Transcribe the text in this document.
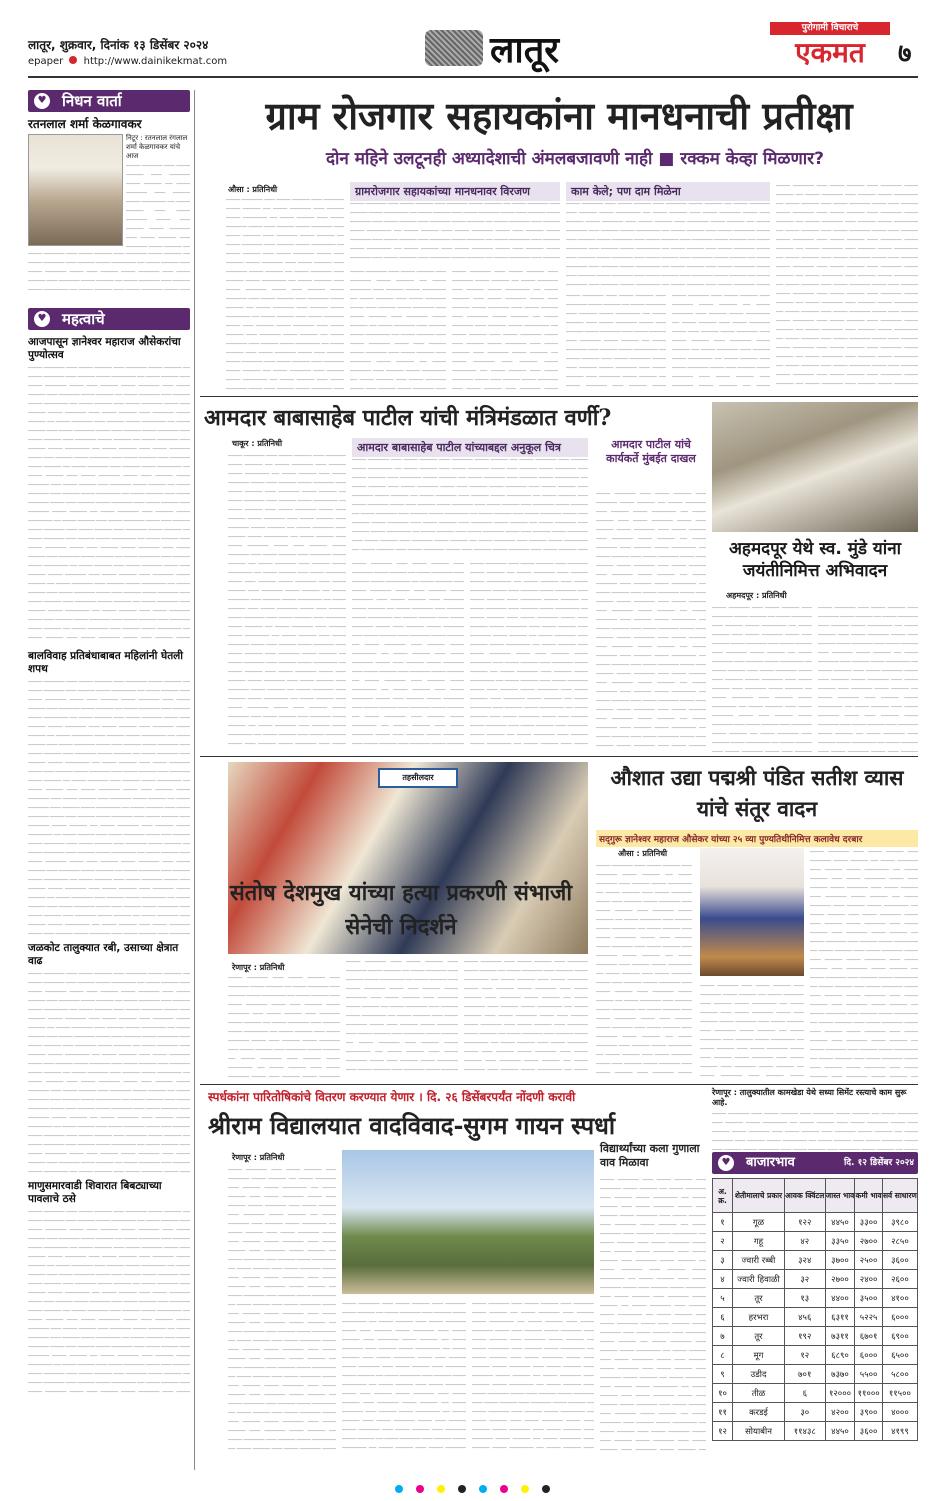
लातूर, शुक्रवार, दिनांक १३ डिसेंबर २०२४
epaper http://www.dainikekmat.com	लातूर
पुरोगामी विचाराचे
एकमत	७
♥ निधन वार्ता
रतनलाल शर्मा केळगावकर
निटूर : रतनलाल रंगलाल शर्मा केळगावकर यांचे आज
──── ────── ─── ──── ───── ─── ────── ──── ───── ── ──── ────── ─── ───── ──── ─────── ── ──── ───── ─── ──── ────── ──── ─── ───── ──── ────── ─── ──── ───── ─── ────── ──── ───── ── ──── ────── ─── ───── ──── ─────── ── ──── ───── ─── ──── ────── ──── ─── ───── ──── ────── ─── ──── ───── ─── ────── ──── ───── ── ──── ────── ─── ───── ──── ─────── ── ──── ───── ─── ──── ────── ──── ─── ───── ──── ────── ─── ──── ───── ─── ────── ──── ───── ── ──── ────── ─── ───── ──── ─────── ── ──── ───── ─── ──── ────── ──── ─── ───── ──── ────── ─── ──── ───── ─── ────── ──── ───── ── ──── ────── ─── ───── ──── ─────── ── ──── ───── ─── ──── ────── ──── ─── ───── ──── ────── ─── ──── ───── ─── ────── ──── ───── ── ──── ────── ─── ───── ──── ─────── ── ──── ───── ─── ──── ────── ──── ─── ───── ──── ────── ─── ──── ───── ─── ────── ──── ───── ── ──── ────── ─── ───── ──── ─────── ── ──── ───── ─── ──── ────── ──── ─── ───── ──── ────── ─── ──── ───── ─── ────── ──── ───── ── ──── ────── ─── ───── ──── ─────── ── ──── ───── ─── ──── ────── ──── ─── ───── ──── ────── ─── ──── ───── ─── ────── ──── ───── ── ──── ────── ─── ───── ──── ─────── ── ──── ───── ─── ──── ────── ──── ─── ───── ──── ────── ─── ──── ───── ─── ────── ──── ───── ── ──── ────── ─── ───── ──── ─────── ── ──── ───── ─── ──── ────── ──── ─── ───── ──── ────── ─── ──── ───── ─── ────── ──── ───── ── ──── ────── ─── ───── ──── ─────── ── ──── ───── ─── ──── ────── ──── ─── ───── ──── ────── ─── ──── ───── ─── ────── ──── ───── ── ──── ────── ─── ───── ──── ─────── ── ──── ───── ─── ──── ────── ──── ─── ───── ──── ────── ─── ──── ───── ─── ────── ──── ───── ── ──── ────── ─── ───── ──── ─────── ── ──── ───── ─── ──── ────── ──── ─── ───── ──── ────── ─── ──── ───── ─── ────── ──── ───── ── ──── ────── ─── ───── ──── ─────── ── ──── ───── ─── ──── ────── ──── ─── ───── ──── ────── ─── ──── ───── ─── ────── ──── ───── ── ──── ────── ─── ───── ──── ─────── ── ──── ───── ─── ──── ────── ──── ─── ───── ──── ────── ─── ──── ───── ─── ────── ──── ───── ── ──── ────── ─── ───── ──── ─────── ── ──── ───── ─── ──── ────── ──── ─── ───── ──── ────── ─── ──── ───── ─── ────── ──── ───── ── ──── ────── ─── ───── ──── ─────── ── ──── ───── ─── ──── ────── ──── ─── ───── ──── ────── ─── ──── ───── ─── ────── ──── ───── ── ──── ────── ─── ───── ──── ─────── ── ──── ───── ─── ──── ────── ──── ─── ───── ──── ────── ─── ──── ───── ─── ────── ──── ───── ── ──── ────── ─── ───── ──── ─────── ── ──── ───── ─── ──── ────── ──── ─── ───── ──── ────── ─── ──── ───── ─── ────── ──── ───── ── ──── ────── ─── ───── ──── ─────── ── ──── ───── ─── ──── ────── ──── ─── ───── ──── ────── ─── ──── ───── ─── ────── ──── ───── ── ──── ────── ─── ───── ──── ─────── ── ──── ───── ─── ──── ────── ──── ─── ───── ──── ────── ─── ──── ───── ─── ────── ──── ───── ── ──── ────── ─── ───── ──── ─────── ── ──── ───── ─── ──── ────── ──── ─── ───── ──── ────── ─── ──── ───── ─── ────── ──── ───── ── ──── ────── ─── ───── ──── ─────── ── ──── ───── ─── ──── ────── ──── ─── ───── ──── ────── ─── ──── ───── ─── ────── ──── ───── ── ──── ────── ─── ───── ──── ─────── ── ──── ───── ─── ──── ────── ──── ─── ───── ──── ────── ─── ──── ───── ─── ────── ──── ───── ── ──── ────── ─── ───── ──── ─────── ── ──── ───── ─── ──── ────── ──── ─── ───── ──── ────── ─── ──── ───── ─── ────── ──── ───── ── ──── ────── ─── ───── ──── ─────── ── ──── ───── ─── ──── ────── ──── ─── ───── ──── ────── ─── ──── ───── ─── ────── ──── ───── ── ──── ────── ─── ───── ──── ─────── ── ──── ───── ─── ──── ────── ──── ─── ───── ──── ────── ─── ──── ───── ─── ────── ──── ───── ── ──── ────── ─── ───── ──── ─────── ── ──── ───── ─── ──── ────── ──── ─── ───── ──── ────── ─── ──── ───── ─── ────── ──── ───── ── ──── ────── ─── ───── ──── ─────── ── ──── ───── ─── ──── ────── ──── ─── ───── ──── ────── ─── ──── ───── ─── ────── ──── ───── ── ──── ────── ─── ───── ──── ─────── ── ──── ───── ─── ──── ────── ──── ─── ───── ──── ────── ─── ──── ───── ─── ────── ──── ───── ── ──── ────── ─── ───── ──── ─────── ──
──── ────── ─── ──── ───── ─── ────── ──── ───── ── ──── ────── ─── ───── ──── ─────── ── ──── ───── ─── ──── ────── ──── ─── ───── ──── ────── ─── ──── ───── ─── ────── ──── ───── ── ──── ────── ─── ───── ──── ─────── ── ──── ───── ─── ──── ────── ──── ─── ───── ──── ────── ─── ──── ───── ─── ────── ──── ───── ── ──── ────── ─── ───── ──── ─────── ── ──── ───── ─── ──── ────── ──── ─── ───── ──── ────── ─── ──── ───── ─── ────── ──── ───── ── ──── ────── ─── ───── ──── ─────── ── ──── ───── ─── ──── ────── ──── ─── ───── ──── ────── ─── ──── ───── ─── ────── ──── ───── ── ──── ────── ─── ───── ──── ─────── ── ──── ───── ─── ──── ────── ──── ─── ───── ──── ────── ─── ──── ───── ─── ────── ──── ───── ── ──── ────── ─── ───── ──── ─────── ── ──── ───── ─── ──── ────── ──── ─── ───── ──── ────── ─── ──── ───── ─── ────── ──── ───── ── ──── ────── ─── ───── ──── ─────── ── ──── ───── ─── ──── ────── ──── ─── ───── ──── ────── ─── ──── ───── ─── ────── ──── ───── ── ──── ────── ─── ───── ──── ─────── ── ──── ───── ─── ──── ────── ──── ─── ───── ──── ────── ─── ──── ───── ─── ────── ──── ───── ── ──── ────── ─── ───── ──── ─────── ── ──── ───── ─── ──── ────── ──── ─── ───── ──── ────── ─── ──── ───── ─── ────── ──── ───── ── ──── ────── ─── ───── ──── ─────── ── ──── ───── ─── ──── ────── ──── ─── ───── ──── ────── ─── ──── ───── ─── ────── ──── ───── ── ──── ────── ─── ───── ──── ─────── ── ──── ───── ─── ──── ────── ──── ─── ───── ──── ────── ─── ──── ───── ─── ────── ──── ───── ── ──── ────── ─── ───── ──── ─────── ── ──── ───── ─── ──── ────── ──── ─── ───── ──── ────── ─── ──── ───── ─── ────── ──── ───── ── ──── ────── ─── ───── ──── ─────── ── ──── ───── ─── ──── ────── ──── ─── ───── ──── ────── ─── ──── ───── ─── ────── ──── ───── ── ──── ────── ─── ───── ──── ─────── ── ──── ───── ─── ──── ────── ──── ─── ───── ──── ────── ─── ──── ───── ─── ────── ──── ───── ── ──── ────── ─── ───── ──── ─────── ── ──── ───── ─── ──── ────── ──── ─── ───── ──── ────── ─── ──── ───── ─── ────── ──── ───── ── ──── ────── ─── ───── ──── ─────── ── ──── ───── ─── ──── ────── ──── ─── ───── ──── ────── ─── ──── ───── ─── ────── ──── ───── ── ──── ────── ─── ───── ──── ─────── ── ──── ───── ─── ──── ────── ──── ─── ───── ──── ────── ─── ──── ───── ─── ────── ──── ───── ── ──── ────── ─── ───── ──── ─────── ── ──── ───── ─── ──── ────── ──── ─── ───── ──── ────── ─── ──── ───── ─── ────── ──── ───── ── ──── ────── ─── ───── ──── ─────── ── ──── ───── ─── ──── ────── ──── ─── ───── ──── ────── ─── ──── ───── ─── ────── ──── ───── ── ──── ────── ─── ───── ──── ─────── ── ──── ───── ─── ──── ────── ──── ─── ───── ──── ────── ─── ──── ───── ─── ────── ──── ───── ── ──── ────── ─── ───── ──── ─────── ── ──── ───── ─── ──── ────── ──── ─── ───── ──── ────── ─── ──── ───── ─── ────── ──── ───── ── ──── ────── ─── ───── ──── ─────── ── ──── ───── ─── ──── ────── ──── ─── ───── ──── ────── ─── ──── ───── ─── ────── ──── ───── ── ──── ────── ─── ───── ──── ─────── ── ──── ───── ─── ──── ────── ──── ─── ───── ──── ────── ─── ──── ───── ─── ────── ──── ───── ── ──── ────── ─── ───── ──── ─────── ── ──── ───── ─── ──── ────── ──── ─── ───── ──── ────── ─── ──── ───── ─── ────── ──── ───── ── ──── ────── ─── ───── ──── ─────── ── ──── ───── ─── ──── ────── ──── ─── ───── ──── ────── ─── ──── ───── ─── ────── ──── ───── ── ──── ────── ─── ───── ──── ─────── ── ──── ───── ─── ──── ────── ──── ─── ───── ──── ────── ─── ──── ───── ─── ────── ──── ───── ── ──── ────── ─── ───── ──── ─────── ── ──── ───── ─── ──── ────── ──── ─── ───── ──── ────── ─── ──── ───── ─── ────── ──── ───── ── ──── ────── ─── ───── ──── ─────── ── ──── ───── ─── ──── ────── ──── ─── ───── ──── ────── ─── ──── ───── ─── ────── ──── ───── ── ──── ────── ─── ───── ──── ─────── ── ──── ───── ─── ──── ────── ──── ─── ───── ──── ────── ─── ──── ───── ─── ────── ──── ───── ── ──── ────── ─── ───── ──── ─────── ── ──── ───── ─── ──── ────── ──── ─── ───── ──── ────── ─── ──── ───── ─── ────── ──── ───── ── ──── ────── ─── ───── ──── ─────── ──
♥ महत्वाचे
आजपासून ज्ञानेश्वर महाराज औसेकरांचा पुण्योत्सव
──── ────── ─── ──── ───── ─── ────── ──── ───── ── ──── ────── ─── ───── ──── ─────── ── ──── ───── ─── ──── ────── ──── ─── ───── ──── ────── ─── ──── ───── ─── ────── ──── ───── ── ──── ────── ─── ───── ──── ─────── ── ──── ───── ─── ──── ────── ──── ─── ───── ──── ────── ─── ──── ───── ─── ────── ──── ───── ── ──── ────── ─── ───── ──── ─────── ── ──── ───── ─── ──── ────── ──── ─── ───── ──── ────── ─── ──── ───── ─── ────── ──── ───── ── ──── ────── ─── ───── ──── ─────── ── ──── ───── ─── ──── ────── ──── ─── ───── ──── ────── ─── ──── ───── ─── ────── ──── ───── ── ──── ────── ─── ───── ──── ─────── ── ──── ───── ─── ──── ────── ──── ─── ───── ──── ────── ─── ──── ───── ─── ────── ──── ───── ── ──── ────── ─── ───── ──── ─────── ── ──── ───── ─── ──── ────── ──── ─── ───── ──── ────── ─── ──── ───── ─── ────── ──── ───── ── ──── ────── ─── ───── ──── ─────── ── ──── ───── ─── ──── ────── ──── ─── ───── ──── ────── ─── ──── ───── ─── ────── ──── ───── ── ──── ────── ─── ───── ──── ─────── ── ──── ───── ─── ──── ────── ──── ─── ───── ──── ────── ─── ──── ───── ─── ────── ──── ───── ── ──── ────── ─── ───── ──── ─────── ── ──── ───── ─── ──── ────── ──── ─── ───── ──── ────── ─── ──── ───── ─── ────── ──── ───── ── ──── ────── ─── ───── ──── ─────── ── ──── ───── ─── ──── ────── ──── ─── ───── ──── ────── ─── ──── ───── ─── ────── ──── ───── ── ──── ────── ─── ───── ──── ─────── ── ──── ───── ─── ──── ────── ──── ─── ───── ──── ────── ─── ──── ───── ─── ────── ──── ───── ── ──── ────── ─── ───── ──── ─────── ── ──── ───── ─── ──── ────── ──── ─── ───── ──── ────── ─── ──── ───── ─── ────── ──── ───── ── ──── ────── ─── ───── ──── ─────── ── ──── ───── ─── ──── ────── ──── ─── ───── ──── ────── ─── ──── ───── ─── ────── ──── ───── ── ──── ────── ─── ───── ──── ─────── ── ──── ───── ─── ──── ────── ──── ─── ───── ──── ────── ─── ──── ───── ─── ────── ──── ───── ── ──── ────── ─── ───── ──── ─────── ── ──── ───── ─── ──── ────── ──── ─── ───── ──── ────── ─── ──── ───── ─── ────── ──── ───── ── ──── ────── ─── ───── ──── ─────── ── ──── ───── ─── ──── ────── ──── ─── ───── ──── ────── ─── ──── ───── ─── ────── ──── ───── ── ──── ────── ─── ───── ──── ─────── ── ──── ───── ─── ──── ────── ──── ─── ───── ──── ────── ─── ──── ───── ─── ────── ──── ───── ── ──── ────── ─── ───── ──── ─────── ── ──── ───── ─── ──── ────── ──── ─── ───── ──── ────── ─── ──── ───── ─── ────── ──── ───── ── ──── ────── ─── ───── ──── ─────── ── ──── ───── ─── ──── ────── ──── ─── ───── ──── ────── ─── ──── ───── ─── ────── ──── ───── ── ──── ────── ─── ───── ──── ─────── ── ──── ───── ─── ──── ────── ──── ─── ───── ──── ────── ─── ──── ───── ─── ────── ──── ───── ── ──── ────── ─── ───── ──── ─────── ── ──── ───── ─── ──── ────── ──── ─── ───── ──── ────── ─── ──── ───── ─── ────── ──── ───── ── ──── ────── ─── ───── ──── ─────── ── ──── ───── ─── ──── ────── ──── ─── ───── ──── ────── ─── ──── ───── ─── ────── ──── ───── ── ──── ────── ─── ───── ──── ─────── ── ──── ───── ─── ──── ────── ──── ─── ───── ──── ────── ─── ──── ───── ─── ────── ──── ───── ── ──── ────── ─── ───── ──── ─────── ── ──── ───── ─── ──── ────── ──── ─── ───── ──── ────── ─── ──── ───── ─── ────── ──── ───── ── ──── ────── ─── ───── ──── ─────── ── ──── ───── ─── ──── ────── ──── ─── ───── ──── ────── ─── ──── ───── ─── ────── ──── ───── ── ──── ────── ─── ───── ──── ─────── ── ──── ───── ─── ──── ────── ──── ─── ───── ──── ────── ─── ──── ───── ─── ────── ──── ───── ── ──── ────── ─── ───── ──── ─────── ── ──── ───── ─── ──── ────── ──── ─── ───── ──── ────── ─── ──── ───── ─── ────── ──── ───── ── ──── ────── ─── ───── ──── ─────── ── ──── ───── ─── ──── ────── ──── ─── ───── ──── ────── ─── ──── ───── ─── ────── ──── ───── ── ──── ────── ─── ───── ──── ─────── ── ──── ───── ─── ──── ────── ──── ─── ───── ──── ────── ─── ──── ───── ─── ────── ──── ───── ── ──── ────── ─── ───── ──── ─────── ── ──── ───── ─── ──── ────── ──── ─── ───── ──── ────── ─── ──── ───── ─── ────── ──── ───── ── ──── ────── ─── ───── ──── ─────── ──
बालविवाह प्रतिबंधाबाबत महिलांनी घेतली शपथ
──── ────── ─── ──── ───── ─── ────── ──── ───── ── ──── ────── ─── ───── ──── ─────── ── ──── ───── ─── ──── ────── ──── ─── ───── ──── ────── ─── ──── ───── ─── ────── ──── ───── ── ──── ────── ─── ───── ──── ─────── ── ──── ───── ─── ──── ────── ──── ─── ───── ──── ────── ─── ──── ───── ─── ────── ──── ───── ── ──── ────── ─── ───── ──── ─────── ── ──── ───── ─── ──── ────── ──── ─── ───── ──── ────── ─── ──── ───── ─── ────── ──── ───── ── ──── ────── ─── ───── ──── ─────── ── ──── ───── ─── ──── ────── ──── ─── ───── ──── ────── ─── ──── ───── ─── ────── ──── ───── ── ──── ────── ─── ───── ──── ─────── ── ──── ───── ─── ──── ────── ──── ─── ───── ──── ────── ─── ──── ───── ─── ────── ──── ───── ── ──── ────── ─── ───── ──── ─────── ── ──── ───── ─── ──── ────── ──── ─── ───── ──── ────── ─── ──── ───── ─── ────── ──── ───── ── ──── ────── ─── ───── ──── ─────── ── ──── ───── ─── ──── ────── ──── ─── ───── ──── ────── ─── ──── ───── ─── ────── ──── ───── ── ──── ────── ─── ───── ──── ─────── ── ──── ───── ─── ──── ────── ──── ─── ───── ──── ────── ─── ──── ───── ─── ────── ──── ───── ── ──── ────── ─── ───── ──── ─────── ── ──── ───── ─── ──── ────── ──── ─── ───── ──── ────── ─── ──── ───── ─── ────── ──── ───── ── ──── ────── ─── ───── ──── ─────── ── ──── ───── ─── ──── ────── ──── ─── ───── ──── ────── ─── ──── ───── ─── ────── ──── ───── ── ──── ────── ─── ───── ──── ─────── ── ──── ───── ─── ──── ────── ──── ─── ───── ──── ────── ─── ──── ───── ─── ────── ──── ───── ── ──── ────── ─── ───── ──── ─────── ── ──── ───── ─── ──── ────── ──── ─── ───── ──── ────── ─── ──── ───── ─── ────── ──── ───── ── ──── ────── ─── ───── ──── ─────── ── ──── ───── ─── ──── ────── ──── ─── ───── ──── ────── ─── ──── ───── ─── ────── ──── ───── ── ──── ────── ─── ───── ──── ─────── ── ──── ───── ─── ──── ────── ──── ─── ───── ──── ────── ─── ──── ───── ─── ────── ──── ───── ── ──── ────── ─── ───── ──── ─────── ── ──── ───── ─── ──── ────── ──── ─── ───── ──── ────── ─── ──── ───── ─── ────── ──── ───── ── ──── ────── ─── ───── ──── ─────── ── ──── ───── ─── ──── ────── ──── ─── ───── ──── ────── ─── ──── ───── ─── ────── ──── ───── ── ──── ────── ─── ───── ──── ─────── ── ──── ───── ─── ──── ────── ──── ─── ───── ──── ────── ─── ──── ───── ─── ────── ──── ───── ── ──── ────── ─── ───── ──── ─────── ── ──── ───── ─── ──── ────── ──── ─── ───── ──── ────── ─── ──── ───── ─── ────── ──── ───── ── ──── ────── ─── ───── ──── ─────── ── ──── ───── ─── ──── ────── ──── ─── ───── ──── ────── ─── ──── ───── ─── ────── ──── ───── ── ──── ────── ─── ───── ──── ─────── ── ──── ───── ─── ──── ────── ──── ─── ───── ──── ────── ─── ──── ───── ─── ────── ──── ───── ── ──── ────── ─── ───── ──── ─────── ── ──── ───── ─── ──── ────── ──── ─── ───── ──── ────── ─── ──── ───── ─── ────── ──── ───── ── ──── ────── ─── ───── ──── ─────── ── ──── ───── ─── ──── ────── ──── ─── ───── ──── ────── ─── ──── ───── ─── ────── ──── ───── ── ──── ────── ─── ───── ──── ─────── ── ──── ───── ─── ──── ────── ──── ─── ───── ──── ────── ─── ──── ───── ─── ────── ──── ───── ── ──── ────── ─── ───── ──── ─────── ── ──── ───── ─── ──── ────── ──── ─── ───── ──── ────── ─── ──── ───── ─── ────── ──── ───── ── ──── ────── ─── ───── ──── ─────── ── ──── ───── ─── ──── ────── ──── ─── ───── ──── ────── ─── ──── ───── ─── ────── ──── ───── ── ──── ────── ─── ───── ──── ─────── ── ──── ───── ─── ──── ────── ──── ─── ───── ──── ────── ─── ──── ───── ─── ────── ──── ───── ── ──── ────── ─── ───── ──── ─────── ── ──── ───── ─── ──── ────── ──── ─── ───── ──── ────── ─── ──── ───── ─── ────── ──── ───── ── ──── ────── ─── ───── ──── ─────── ── ──── ───── ─── ──── ────── ──── ─── ───── ──── ────── ─── ──── ───── ─── ────── ──── ───── ── ──── ────── ─── ───── ──── ─────── ── ──── ───── ─── ──── ────── ──── ─── ───── ──── ────── ─── ──── ───── ─── ────── ──── ───── ── ──── ────── ─── ───── ──── ─────── ── ──── ───── ─── ──── ────── ──── ─── ───── ──── ────── ─── ──── ───── ─── ────── ──── ───── ── ──── ────── ─── ───── ──── ─────── ──
जळकोट तालुक्यात रबी, उसाच्या क्षेत्रात वाढ
──── ────── ─── ──── ───── ─── ────── ──── ───── ── ──── ────── ─── ───── ──── ─────── ── ──── ───── ─── ──── ────── ──── ─── ───── ──── ────── ─── ──── ───── ─── ────── ──── ───── ── ──── ────── ─── ───── ──── ─────── ── ──── ───── ─── ──── ────── ──── ─── ───── ──── ────── ─── ──── ───── ─── ────── ──── ───── ── ──── ────── ─── ───── ──── ─────── ── ──── ───── ─── ──── ────── ──── ─── ───── ──── ────── ─── ──── ───── ─── ────── ──── ───── ── ──── ────── ─── ───── ──── ─────── ── ──── ───── ─── ──── ────── ──── ─── ───── ──── ────── ─── ──── ───── ─── ────── ──── ───── ── ──── ────── ─── ───── ──── ─────── ── ──── ───── ─── ──── ────── ──── ─── ───── ──── ────── ─── ──── ───── ─── ────── ──── ───── ── ──── ────── ─── ───── ──── ─────── ── ──── ───── ─── ──── ────── ──── ─── ───── ──── ────── ─── ──── ───── ─── ────── ──── ───── ── ──── ────── ─── ───── ──── ─────── ── ──── ───── ─── ──── ────── ──── ─── ───── ──── ────── ─── ──── ───── ─── ────── ──── ───── ── ──── ────── ─── ───── ──── ─────── ── ──── ───── ─── ──── ────── ──── ─── ───── ──── ────── ─── ──── ───── ─── ────── ──── ───── ── ──── ────── ─── ───── ──── ─────── ── ──── ───── ─── ──── ────── ──── ─── ───── ──── ────── ─── ──── ───── ─── ────── ──── ───── ── ──── ────── ─── ───── ──── ─────── ── ──── ───── ─── ──── ────── ──── ─── ───── ──── ────── ─── ──── ───── ─── ────── ──── ───── ── ──── ────── ─── ───── ──── ─────── ── ──── ───── ─── ──── ────── ──── ─── ───── ──── ────── ─── ──── ───── ─── ────── ──── ───── ── ──── ────── ─── ───── ──── ─────── ── ──── ───── ─── ──── ────── ──── ─── ───── ──── ────── ─── ──── ───── ─── ────── ──── ───── ── ──── ────── ─── ───── ──── ─────── ── ──── ───── ─── ──── ────── ──── ─── ───── ──── ────── ─── ──── ───── ─── ────── ──── ───── ── ──── ────── ─── ───── ──── ─────── ── ──── ───── ─── ──── ────── ──── ─── ───── ──── ────── ─── ──── ───── ─── ────── ──── ───── ── ──── ────── ─── ───── ──── ─────── ── ──── ───── ─── ──── ────── ──── ─── ───── ──── ────── ─── ──── ───── ─── ────── ──── ───── ── ──── ────── ─── ───── ──── ─────── ── ──── ───── ─── ──── ────── ──── ─── ───── ──── ────── ─── ──── ───── ─── ────── ──── ───── ── ──── ────── ─── ───── ──── ─────── ── ──── ───── ─── ──── ────── ──── ─── ───── ──── ────── ─── ──── ───── ─── ────── ──── ───── ── ──── ────── ─── ───── ──── ─────── ── ──── ───── ─── ──── ────── ──── ─── ───── ──── ────── ─── ──── ───── ─── ────── ──── ───── ── ──── ────── ─── ───── ──── ─────── ── ──── ───── ─── ──── ────── ──── ─── ───── ──── ────── ─── ──── ───── ─── ────── ──── ───── ── ──── ────── ─── ───── ──── ─────── ── ──── ───── ─── ──── ────── ──── ─── ───── ──── ────── ─── ──── ───── ─── ────── ──── ───── ── ──── ────── ─── ───── ──── ─────── ── ──── ───── ─── ──── ────── ──── ─── ───── ──── ────── ─── ──── ───── ─── ────── ──── ───── ── ──── ────── ─── ───── ──── ─────── ── ──── ───── ─── ──── ────── ──── ─── ───── ──── ────── ─── ──── ───── ─── ────── ──── ───── ── ──── ────── ─── ───── ──── ─────── ── ──── ───── ─── ──── ────── ──── ─── ───── ──── ────── ─── ──── ───── ─── ────── ──── ───── ── ──── ────── ─── ───── ──── ─────── ── ──── ───── ─── ──── ────── ──── ─── ───── ──── ────── ─── ──── ───── ─── ────── ──── ───── ── ──── ────── ─── ───── ──── ─────── ── ──── ───── ─── ──── ────── ──── ─── ───── ──── ────── ─── ──── ───── ─── ────── ──── ───── ── ──── ────── ─── ───── ──── ─────── ── ──── ───── ─── ──── ────── ──── ─── ───── ──── ────── ─── ──── ───── ─── ────── ──── ───── ── ──── ────── ─── ───── ──── ─────── ── ──── ───── ─── ──── ────── ──── ─── ───── ──── ────── ─── ──── ───── ─── ────── ──── ───── ── ──── ────── ─── ───── ──── ─────── ── ──── ───── ─── ──── ────── ──── ─── ───── ──── ────── ─── ──── ───── ─── ────── ──── ───── ── ──── ────── ─── ───── ──── ─────── ── ──── ───── ─── ──── ────── ──── ─── ───── ──── ────── ─── ──── ───── ─── ────── ──── ───── ── ──── ────── ─── ───── ──── ─────── ── ──── ───── ─── ──── ────── ──── ─── ───── ──── ────── ─── ──── ───── ─── ────── ──── ───── ── ──── ────── ─── ───── ──── ─────── ──
माणुसमारवाडी शिवारात बिबट्याच्या पावलाचे ठसे
──── ────── ─── ──── ───── ─── ────── ──── ───── ── ──── ────── ─── ───── ──── ─────── ── ──── ───── ─── ──── ────── ──── ─── ───── ──── ────── ─── ──── ───── ─── ────── ──── ───── ── ──── ────── ─── ───── ──── ─────── ── ──── ───── ─── ──── ────── ──── ─── ───── ──── ────── ─── ──── ───── ─── ────── ──── ───── ── ──── ────── ─── ───── ──── ─────── ── ──── ───── ─── ──── ────── ──── ─── ───── ──── ────── ─── ──── ───── ─── ────── ──── ───── ── ──── ────── ─── ───── ──── ─────── ── ──── ───── ─── ──── ────── ──── ─── ───── ──── ────── ─── ──── ───── ─── ────── ──── ───── ── ──── ────── ─── ───── ──── ─────── ── ──── ───── ─── ──── ────── ──── ─── ───── ──── ────── ─── ──── ───── ─── ────── ──── ───── ── ──── ────── ─── ───── ──── ─────── ── ──── ───── ─── ──── ────── ──── ─── ───── ──── ────── ─── ──── ───── ─── ────── ──── ───── ── ──── ────── ─── ───── ──── ─────── ── ──── ───── ─── ──── ────── ──── ─── ───── ──── ────── ─── ──── ───── ─── ────── ──── ───── ── ──── ────── ─── ───── ──── ─────── ── ──── ───── ─── ──── ────── ──── ─── ───── ──── ────── ─── ──── ───── ─── ────── ──── ───── ── ──── ────── ─── ───── ──── ─────── ── ──── ───── ─── ──── ────── ──── ─── ───── ──── ────── ─── ──── ───── ─── ────── ──── ───── ── ──── ────── ─── ───── ──── ─────── ── ──── ───── ─── ──── ────── ──── ─── ───── ──── ────── ─── ──── ───── ─── ────── ──── ───── ── ──── ────── ─── ───── ──── ─────── ── ──── ───── ─── ──── ────── ──── ─── ───── ──── ────── ─── ──── ───── ─── ────── ──── ───── ── ──── ────── ─── ───── ──── ─────── ── ──── ───── ─── ──── ────── ──── ─── ───── ──── ────── ─── ──── ───── ─── ────── ──── ───── ── ──── ────── ─── ───── ──── ─────── ── ──── ───── ─── ──── ────── ──── ─── ───── ──── ────── ─── ──── ───── ─── ────── ──── ───── ── ──── ────── ─── ───── ──── ─────── ── ──── ───── ─── ──── ────── ──── ─── ───── ──── ────── ─── ──── ───── ─── ────── ──── ───── ── ──── ────── ─── ───── ──── ─────── ── ──── ───── ─── ──── ────── ──── ─── ───── ──── ────── ─── ──── ───── ─── ────── ──── ───── ── ──── ────── ─── ───── ──── ─────── ── ──── ───── ─── ──── ────── ──── ─── ───── ──── ────── ─── ──── ───── ─── ────── ──── ───── ── ──── ────── ─── ───── ──── ─────── ── ──── ───── ─── ──── ────── ──── ─── ───── ──── ────── ─── ──── ───── ─── ────── ──── ───── ── ──── ────── ─── ───── ──── ─────── ── ──── ───── ─── ──── ────── ──── ─── ───── ──── ────── ─── ──── ───── ─── ────── ──── ───── ── ──── ────── ─── ───── ──── ─────── ── ──── ───── ─── ──── ────── ──── ─── ───── ──── ────── ─── ──── ───── ─── ────── ──── ───── ── ──── ────── ─── ───── ──── ─────── ── ──── ───── ─── ──── ────── ──── ─── ───── ──── ────── ─── ──── ───── ─── ────── ──── ───── ── ──── ────── ─── ───── ──── ─────── ── ──── ───── ─── ──── ────── ──── ─── ───── ──── ────── ─── ──── ───── ─── ────── ──── ───── ── ──── ────── ─── ───── ──── ─────── ── ──── ───── ─── ──── ────── ──── ─── ───── ──── ────── ─── ──── ───── ─── ────── ──── ───── ── ──── ────── ─── ───── ──── ─────── ── ──── ───── ─── ──── ────── ──── ─── ───── ──── ────── ─── ──── ───── ─── ────── ──── ───── ── ──── ────── ─── ───── ──── ─────── ── ──── ───── ─── ──── ────── ──── ─── ───── ──── ────── ─── ──── ───── ─── ────── ──── ───── ── ──── ────── ─── ───── ──── ─────── ── ──── ───── ─── ──── ────── ──── ─── ───── ──── ────── ─── ──── ───── ─── ────── ──── ───── ── ──── ────── ─── ───── ──── ─────── ── ──── ───── ─── ──── ────── ──── ─── ───── ──── ────── ─── ──── ───── ─── ────── ──── ───── ── ──── ────── ─── ───── ──── ─────── ── ──── ───── ─── ──── ────── ──── ─── ───── ──── ────── ─── ──── ───── ─── ────── ──── ───── ── ──── ────── ─── ───── ──── ─────── ── ──── ───── ─── ──── ────── ──── ─── ───── ──── ────── ─── ──── ───── ─── ────── ──── ───── ── ──── ────── ─── ───── ──── ─────── ── ──── ───── ─── ──── ────── ──── ─── ───── ──── ────── ─── ──── ───── ─── ────── ──── ───── ── ──── ────── ─── ───── ──── ─────── ── ──── ───── ─── ──── ────── ──── ─── ───── ──── ────── ─── ──── ───── ─── ────── ──── ───── ── ──── ────── ─── ───── ──── ─────── ──
ग्राम रोजगार सहायकांना मानधनाची प्रतीक्षा
दोन महिने उलटूनही अध्यादेशाची अंमलबजावणी नाही ■ रक्कम केव्हा मिळणार?
औसा : प्रतिनिधी
──── ────── ─── ──── ───── ─── ────── ──── ───── ── ──── ────── ─── ───── ──── ─────── ── ──── ───── ─── ──── ────── ──── ─── ───── ──── ────── ─── ──── ───── ─── ────── ──── ───── ── ──── ────── ─── ───── ──── ─────── ── ──── ───── ─── ──── ────── ──── ─── ───── ──── ────── ─── ──── ───── ─── ────── ──── ───── ── ──── ────── ─── ───── ──── ─────── ── ──── ───── ─── ──── ────── ──── ─── ───── ──── ────── ─── ──── ───── ─── ────── ──── ───── ── ──── ────── ─── ───── ──── ─────── ── ──── ───── ─── ──── ────── ──── ─── ───── ──── ────── ─── ──── ───── ─── ────── ──── ───── ── ──── ────── ─── ───── ──── ─────── ── ──── ───── ─── ──── ────── ──── ─── ───── ──── ────── ─── ──── ───── ─── ────── ──── ───── ── ──── ────── ─── ───── ──── ─────── ── ──── ───── ─── ──── ────── ──── ─── ───── ──── ────── ─── ──── ───── ─── ────── ──── ───── ── ──── ────── ─── ───── ──── ─────── ── ──── ───── ─── ──── ────── ──── ─── ───── ──── ────── ─── ──── ───── ─── ────── ──── ───── ── ──── ────── ─── ───── ──── ─────── ── ──── ───── ─── ──── ────── ──── ─── ───── ──── ────── ─── ──── ───── ─── ────── ──── ───── ── ──── ────── ─── ───── ──── ─────── ── ──── ───── ─── ──── ────── ──── ─── ───── ──── ────── ─── ──── ───── ─── ────── ──── ───── ── ──── ────── ─── ───── ──── ─────── ── ──── ───── ─── ──── ────── ──── ─── ───── ──── ────── ─── ──── ───── ─── ────── ──── ───── ── ──── ────── ─── ───── ──── ─────── ── ──── ───── ─── ──── ────── ──── ─── ───── ──── ────── ─── ──── ───── ─── ────── ──── ───── ── ──── ────── ─── ───── ──── ─────── ── ──── ───── ─── ──── ────── ──── ─── ───── ──── ────── ─── ──── ───── ─── ────── ──── ───── ── ──── ────── ─── ───── ──── ─────── ── ──── ───── ─── ──── ────── ──── ─── ───── ──── ────── ─── ──── ───── ─── ────── ──── ───── ── ──── ────── ─── ───── ──── ─────── ── ──── ───── ─── ──── ────── ──── ─── ───── ──── ────── ─── ──── ───── ─── ────── ──── ───── ── ──── ────── ─── ───── ──── ─────── ── ──── ───── ─── ──── ────── ──── ─── ───── ──── ────── ─── ──── ───── ─── ────── ──── ───── ── ──── ────── ─── ───── ──── ─────── ── ──── ───── ─── ──── ────── ──── ─── ───── ──── ────── ─── ──── ───── ─── ────── ──── ───── ── ──── ────── ─── ───── ──── ─────── ── ──── ───── ─── ──── ────── ──── ─── ───── ──── ────── ─── ──── ───── ─── ────── ──── ───── ── ──── ────── ─── ───── ──── ─────── ── ──── ───── ─── ──── ────── ──── ─── ───── ──── ────── ─── ──── ───── ─── ────── ──── ───── ── ──── ────── ─── ───── ──── ─────── ── ──── ───── ─── ──── ────── ──── ─── ───── ──── ────── ─── ──── ───── ─── ────── ──── ───── ── ──── ────── ─── ───── ──── ─────── ── ──── ───── ─── ──── ────── ──── ─── ───── ──── ────── ─── ──── ───── ─── ────── ──── ───── ── ──── ────── ─── ───── ──── ─────── ── ──── ───── ─── ──── ────── ──── ─── ───── ──── ────── ─── ──── ───── ─── ────── ──── ───── ── ──── ────── ─── ───── ──── ─────── ── ──── ───── ─── ──── ────── ──── ─── ───── ──── ────── ─── ──── ───── ─── ────── ──── ───── ── ──── ────── ─── ───── ──── ─────── ── ──── ───── ─── ──── ────── ──── ─── ───── ──── ────── ─── ──── ───── ─── ────── ──── ───── ── ──── ────── ─── ───── ──── ─────── ── ──── ───── ─── ──── ────── ──── ─── ───── ──── ────── ─── ──── ───── ─── ────── ──── ───── ── ──── ────── ─── ───── ──── ─────── ── ──── ───── ─── ──── ────── ──── ─── ───── ──── ────── ─── ──── ───── ─── ────── ──── ───── ── ──── ────── ─── ───── ──── ─────── ── ──── ───── ─── ──── ────── ──── ─── ───── ──── ────── ─── ──── ───── ─── ────── ──── ───── ── ──── ────── ─── ───── ──── ─────── ── ──── ───── ─── ──── ────── ──── ─── ───── ──── ────── ─── ──── ───── ─── ────── ──── ───── ── ──── ────── ─── ───── ──── ─────── ── ──── ───── ─── ──── ────── ──── ─── ───── ──── ────── ─── ──── ───── ─── ────── ──── ───── ── ──── ────── ─── ───── ──── ─────── ── ──── ───── ─── ──── ────── ──── ─── ───── ──── ────── ─── ──── ───── ─── ────── ──── ───── ── ──── ────── ─── ───── ──── ─────── ── ──── ───── ─── ──── ────── ──── ─── ───── ──── ────── ─── ──── ───── ─── ────── ──── ───── ── ──── ────── ─── ───── ──── ─────── ──	ग्रामरोजगार सहायकांच्या मानधनावर विरजण
──── ────── ─── ──── ───── ─── ────── ──── ───── ── ──── ────── ─── ───── ──── ─────── ── ──── ───── ─── ──── ────── ──── ─── ───── ──── ────── ─── ──── ───── ─── ────── ──── ───── ── ──── ────── ─── ───── ──── ─────── ── ──── ───── ─── ──── ────── ──── ─── ───── ──── ────── ─── ──── ───── ─── ────── ──── ───── ── ──── ────── ─── ───── ──── ─────── ── ──── ───── ─── ──── ────── ──── ─── ───── ──── ────── ─── ──── ───── ─── ────── ──── ───── ── ──── ────── ─── ───── ──── ─────── ── ──── ───── ─── ──── ────── ──── ─── ───── ──── ────── ─── ──── ───── ─── ────── ──── ───── ── ──── ────── ─── ───── ──── ─────── ── ──── ───── ─── ──── ────── ──── ─── ───── ──── ────── ─── ──── ───── ─── ────── ──── ───── ── ──── ────── ─── ───── ──── ─────── ── ──── ───── ─── ──── ────── ──── ─── ───── ──── ────── ─── ──── ───── ─── ────── ──── ───── ── ──── ────── ─── ───── ──── ─────── ── ──── ───── ─── ──── ────── ──── ─── ───── ──── ────── ─── ──── ───── ─── ────── ──── ───── ── ──── ────── ─── ───── ──── ─────── ── ──── ───── ─── ──── ────── ──── ─── ───── ──── ────── ─── ──── ───── ─── ────── ──── ───── ── ──── ────── ─── ───── ──── ─────── ── ──── ───── ─── ──── ────── ──── ─── ───── ──── ────── ─── ──── ───── ─── ────── ──── ───── ── ──── ────── ─── ───── ──── ─────── ── ──── ───── ─── ──── ────── ──── ─── ───── ──── ────── ─── ──── ───── ─── ────── ──── ───── ── ──── ────── ─── ───── ──── ─────── ── ──── ───── ─── ──── ────── ──── ─── ───── ──── ────── ─── ──── ───── ─── ────── ──── ───── ── ──── ────── ─── ───── ──── ─────── ── ──── ───── ─── ──── ────── ──── ─── ───── ──── ────── ─── ──── ───── ─── ────── ──── ───── ── ──── ────── ─── ───── ──── ─────── ── ──── ───── ─── ──── ────── ──── ─── ───── ──── ────── ─── ──── ───── ─── ────── ──── ───── ── ──── ────── ─── ───── ──── ─────── ── ──── ───── ─── ──── ────── ──── ─── ───── ──── ────── ─── ──── ───── ─── ────── ──── ───── ── ──── ────── ─── ───── ──── ─────── ── ──── ───── ─── ──── ────── ──── ─── ───── ──── ────── ─── ──── ───── ─── ────── ──── ───── ── ──── ────── ─── ───── ──── ─────── ── ──── ───── ─── ──── ────── ──── ─── ───── ──── ────── ─── ──── ───── ─── ────── ──── ───── ── ──── ────── ─── ───── ──── ─────── ── ──── ───── ─── ──── ────── ──── ─── ───── ──── ────── ─── ──── ───── ─── ────── ──── ───── ── ──── ────── ─── ───── ──── ─────── ── ──── ───── ─── ──── ────── ──── ─── ───── ──── ────── ─── ──── ───── ─── ────── ──── ───── ── ──── ────── ─── ───── ──── ─────── ── ──── ───── ─── ──── ────── ──── ─── ───── ──── ────── ─── ──── ───── ─── ────── ──── ───── ── ──── ────── ─── ───── ──── ─────── ── ──── ───── ─── ──── ────── ──── ─── ───── ──── ────── ─── ──── ───── ─── ────── ──── ───── ── ──── ────── ─── ───── ──── ─────── ── ──── ───── ─── ──── ────── ──── ─── ───── ──── ────── ─── ──── ───── ─── ────── ──── ───── ── ──── ────── ─── ───── ──── ─────── ── ──── ───── ─── ──── ────── ──── ─── ───── ──── ────── ─── ──── ───── ─── ────── ──── ───── ── ──── ────── ─── ───── ──── ─────── ── ──── ───── ─── ──── ────── ──── ─── ───── ──── ────── ─── ──── ───── ─── ────── ──── ───── ── ──── ────── ─── ───── ──── ─────── ── ──── ───── ─── ──── ────── ──── ─── ───── ──── ────── ─── ──── ───── ─── ────── ──── ───── ── ──── ────── ─── ───── ──── ─────── ── ──── ───── ─── ──── ────── ──── ─── ───── ──── ────── ─── ──── ───── ─── ────── ──── ───── ── ──── ────── ─── ───── ──── ─────── ── ──── ───── ─── ──── ────── ──── ─── ───── ──── ────── ─── ──── ───── ─── ────── ──── ───── ── ──── ────── ─── ───── ──── ─────── ── ──── ───── ─── ──── ────── ──── ─── ───── ──── ────── ─── ──── ───── ─── ────── ──── ───── ── ──── ────── ─── ───── ──── ─────── ── ──── ───── ─── ──── ────── ──── ─── ───── ──── ────── ─── ──── ───── ─── ────── ──── ───── ── ──── ────── ─── ───── ──── ─────── ── ──── ───── ─── ──── ────── ──── ─── ───── ──── ────── ─── ──── ───── ─── ────── ──── ───── ── ──── ────── ─── ───── ──── ─────── ── ──── ───── ─── ──── ────── ──── ─── ───── ──── ────── ─── ──── ───── ─── ────── ──── ───── ── ──── ────── ─── ───── ──── ─────── ──
──── ────── ─── ──── ───── ─── ────── ──── ───── ── ──── ────── ─── ───── ──── ─────── ── ──── ───── ─── ──── ────── ──── ─── ───── ──── ────── ─── ──── ───── ─── ────── ──── ───── ── ──── ────── ─── ───── ──── ─────── ── ──── ───── ─── ──── ────── ──── ─── ───── ──── ────── ─── ──── ───── ─── ────── ──── ───── ── ──── ────── ─── ───── ──── ─────── ── ──── ───── ─── ──── ────── ──── ─── ───── ──── ────── ─── ──── ───── ─── ────── ──── ───── ── ──── ────── ─── ───── ──── ─────── ── ──── ───── ─── ──── ────── ──── ─── ───── ──── ────── ─── ──── ───── ─── ────── ──── ───── ── ──── ────── ─── ───── ──── ─────── ── ──── ───── ─── ──── ────── ──── ─── ───── ──── ────── ─── ──── ───── ─── ────── ──── ───── ── ──── ────── ─── ───── ──── ─────── ── ──── ───── ─── ──── ────── ──── ─── ───── ──── ────── ─── ──── ───── ─── ────── ──── ───── ── ──── ────── ─── ───── ──── ─────── ── ──── ───── ─── ──── ────── ──── ─── ───── ──── ────── ─── ──── ───── ─── ────── ──── ───── ── ──── ────── ─── ───── ──── ─────── ── ──── ───── ─── ──── ────── ──── ─── ───── ──── ────── ─── ──── ───── ─── ────── ──── ───── ── ──── ────── ─── ───── ──── ─────── ── ──── ───── ─── ──── ────── ──── ─── ───── ──── ────── ─── ──── ───── ─── ────── ──── ───── ── ──── ────── ─── ───── ──── ─────── ── ──── ───── ─── ──── ────── ──── ─── ───── ──── ────── ─── ──── ───── ─── ────── ──── ───── ── ──── ────── ─── ───── ──── ─────── ── ──── ───── ─── ──── ────── ──── ─── ───── ──── ────── ─── ──── ───── ─── ────── ──── ───── ── ──── ────── ─── ───── ──── ─────── ── ──── ───── ─── ──── ────── ──── ─── ───── ──── ────── ─── ──── ───── ─── ────── ──── ───── ── ──── ────── ─── ───── ──── ─────── ── ──── ───── ─── ──── ────── ──── ─── ───── ──── ────── ─── ──── ───── ─── ────── ──── ───── ── ──── ────── ─── ───── ──── ─────── ── ──── ───── ─── ──── ────── ──── ─── ───── ──── ────── ─── ──── ───── ─── ────── ──── ───── ── ──── ────── ─── ───── ──── ─────── ── ──── ───── ─── ──── ────── ──── ─── ───── ──── ────── ─── ──── ───── ─── ────── ──── ───── ── ──── ────── ─── ───── ──── ─────── ── ──── ───── ─── ──── ────── ──── ─── ───── ──── ────── ─── ──── ───── ─── ────── ──── ───── ── ──── ────── ─── ───── ──── ─────── ── ──── ───── ─── ──── ────── ──── ─── ───── ──── ────── ─── ──── ───── ─── ────── ──── ───── ── ──── ────── ─── ───── ──── ─────── ── ──── ───── ─── ──── ────── ──── ─── ───── ──── ────── ─── ──── ───── ─── ────── ──── ───── ── ──── ────── ─── ───── ──── ─────── ── ──── ───── ─── ──── ────── ──── ─── ───── ──── ────── ─── ──── ───── ─── ────── ──── ───── ── ──── ────── ─── ───── ──── ─────── ── ──── ───── ─── ──── ────── ──── ─── ───── ──── ────── ─── ──── ───── ─── ────── ──── ───── ── ──── ────── ─── ───── ──── ─────── ── ──── ───── ─── ──── ────── ──── ─── ───── ──── ────── ─── ──── ───── ─── ────── ──── ───── ── ──── ────── ─── ───── ──── ─────── ── ──── ───── ─── ──── ────── ──── ─── ───── ──── ────── ─── ──── ───── ─── ────── ──── ───── ── ──── ────── ─── ───── ──── ─────── ── ──── ───── ─── ──── ────── ──── ─── ───── ──── ────── ─── ──── ───── ─── ────── ──── ───── ── ──── ────── ─── ───── ──── ─────── ── ──── ───── ─── ──── ────── ──── ─── ───── ──── ────── ─── ──── ───── ─── ────── ──── ───── ── ──── ────── ─── ───── ──── ─────── ── ──── ───── ─── ──── ────── ──── ─── ───── ──── ────── ─── ──── ───── ─── ────── ──── ───── ── ──── ────── ─── ───── ──── ─────── ── ──── ───── ─── ──── ────── ──── ─── ───── ──── ────── ─── ──── ───── ─── ────── ──── ───── ── ──── ────── ─── ───── ──── ─────── ── ──── ───── ─── ──── ────── ──── ─── ───── ──── ────── ─── ──── ───── ─── ────── ──── ───── ── ──── ────── ─── ───── ──── ─────── ── ──── ───── ─── ──── ────── ──── ─── ───── ──── ────── ─── ──── ───── ─── ────── ──── ───── ── ──── ────── ─── ───── ──── ─────── ── ──── ───── ─── ──── ────── ──── ─── ───── ──── ────── ─── ──── ───── ─── ────── ──── ───── ── ──── ────── ─── ───── ──── ─────── ── ──── ───── ─── ──── ────── ──── ─── ───── ──── ────── ─── ──── ───── ─── ────── ──── ───── ── ──── ────── ─── ───── ──── ─────── ──
──── ────── ─── ──── ───── ─── ────── ──── ───── ── ──── ────── ─── ───── ──── ─────── ── ──── ───── ─── ──── ────── ──── ─── ───── ──── ────── ─── ──── ───── ─── ────── ──── ───── ── ──── ────── ─── ───── ──── ─────── ── ──── ───── ─── ──── ────── ──── ─── ───── ──── ────── ─── ──── ───── ─── ────── ──── ───── ── ──── ────── ─── ───── ──── ─────── ── ──── ───── ─── ──── ────── ──── ─── ───── ──── ────── ─── ──── ───── ─── ────── ──── ───── ── ──── ────── ─── ───── ──── ─────── ── ──── ───── ─── ──── ────── ──── ─── ───── ──── ────── ─── ──── ───── ─── ────── ──── ───── ── ──── ────── ─── ───── ──── ─────── ── ──── ───── ─── ──── ────── ──── ─── ───── ──── ────── ─── ──── ───── ─── ────── ──── ───── ── ──── ────── ─── ───── ──── ─────── ── ──── ───── ─── ──── ────── ──── ─── ───── ──── ────── ─── ──── ───── ─── ────── ──── ───── ── ──── ────── ─── ───── ──── ─────── ── ──── ───── ─── ──── ────── ──── ─── ───── ──── ────── ─── ──── ───── ─── ────── ──── ───── ── ──── ────── ─── ───── ──── ─────── ── ──── ───── ─── ──── ────── ──── ─── ───── ──── ────── ─── ──── ───── ─── ────── ──── ───── ── ──── ────── ─── ───── ──── ─────── ── ──── ───── ─── ──── ────── ──── ─── ───── ──── ────── ─── ──── ───── ─── ────── ──── ───── ── ──── ────── ─── ───── ──── ─────── ── ──── ───── ─── ──── ────── ──── ─── ───── ──── ────── ─── ──── ───── ─── ────── ──── ───── ── ──── ────── ─── ───── ──── ─────── ── ──── ───── ─── ──── ────── ──── ─── ───── ──── ────── ─── ──── ───── ─── ────── ──── ───── ── ──── ────── ─── ───── ──── ─────── ── ──── ───── ─── ──── ────── ──── ─── ───── ──── ────── ─── ──── ───── ─── ────── ──── ───── ── ──── ────── ─── ───── ──── ─────── ── ──── ───── ─── ──── ────── ──── ─── ───── ──── ────── ─── ──── ───── ─── ────── ──── ───── ── ──── ────── ─── ───── ──── ─────── ── ──── ───── ─── ──── ────── ──── ─── ───── ──── ────── ─── ──── ───── ─── ────── ──── ───── ── ──── ────── ─── ───── ──── ─────── ── ──── ───── ─── ──── ────── ──── ─── ───── ──── ────── ─── ──── ───── ─── ────── ──── ───── ── ──── ────── ─── ───── ──── ─────── ── ──── ───── ─── ──── ────── ──── ─── ───── ──── ────── ─── ──── ───── ─── ────── ──── ───── ── ──── ────── ─── ───── ──── ─────── ── ──── ───── ─── ──── ────── ──── ─── ───── ──── ────── ─── ──── ───── ─── ────── ──── ───── ── ──── ────── ─── ───── ──── ─────── ── ──── ───── ─── ──── ────── ──── ─── ───── ──── ────── ─── ──── ───── ─── ────── ──── ───── ── ──── ────── ─── ───── ──── ─────── ── ──── ───── ─── ──── ────── ──── ─── ───── ──── ────── ─── ──── ───── ─── ────── ──── ───── ── ──── ────── ─── ───── ──── ─────── ── ──── ───── ─── ──── ────── ──── ─── ───── ──── ────── ─── ──── ───── ─── ────── ──── ───── ── ──── ────── ─── ───── ──── ─────── ── ──── ───── ─── ──── ────── ──── ─── ───── ──── ────── ─── ──── ───── ─── ────── ──── ───── ── ──── ────── ─── ───── ──── ─────── ── ──── ───── ─── ──── ────── ──── ─── ───── ──── ────── ─── ──── ───── ─── ────── ──── ───── ── ──── ────── ─── ───── ──── ─────── ── ──── ───── ─── ──── ────── ──── ─── ───── ──── ────── ─── ──── ───── ─── ────── ──── ───── ── ──── ────── ─── ───── ──── ─────── ── ──── ───── ─── ──── ────── ──── ─── ───── ──── ────── ─── ──── ───── ─── ────── ──── ───── ── ──── ────── ─── ───── ──── ─────── ── ──── ───── ─── ──── ────── ──── ─── ───── ──── ────── ─── ──── ───── ─── ────── ──── ───── ── ──── ────── ─── ───── ──── ─────── ── ──── ───── ─── ──── ────── ──── ─── ───── ──── ────── ─── ──── ───── ─── ────── ──── ───── ── ──── ────── ─── ───── ──── ─────── ── ──── ───── ─── ──── ────── ──── ─── ───── ──── ────── ─── ──── ───── ─── ────── ──── ───── ── ──── ────── ─── ───── ──── ─────── ── ──── ───── ─── ──── ────── ──── ─── ───── ──── ────── ─── ──── ───── ─── ────── ──── ───── ── ──── ────── ─── ───── ──── ─────── ── ──── ───── ─── ──── ────── ──── ─── ───── ──── ────── ─── ──── ───── ─── ────── ──── ───── ── ──── ────── ─── ───── ──── ─────── ── ──── ───── ─── ──── ────── ──── ─── ───── ──── ────── ─── ──── ───── ─── ────── ──── ───── ── ──── ────── ─── ───── ──── ─────── ──	काम केले; पण दाम मिळेना
──── ────── ─── ──── ───── ─── ────── ──── ───── ── ──── ────── ─── ───── ──── ─────── ── ──── ───── ─── ──── ────── ──── ─── ───── ──── ────── ─── ──── ───── ─── ────── ──── ───── ── ──── ────── ─── ───── ──── ─────── ── ──── ───── ─── ──── ────── ──── ─── ───── ──── ────── ─── ──── ───── ─── ────── ──── ───── ── ──── ────── ─── ───── ──── ─────── ── ──── ───── ─── ──── ────── ──── ─── ───── ──── ────── ─── ──── ───── ─── ────── ──── ───── ── ──── ────── ─── ───── ──── ─────── ── ──── ───── ─── ──── ────── ──── ─── ───── ──── ────── ─── ──── ───── ─── ────── ──── ───── ── ──── ────── ─── ───── ──── ─────── ── ──── ───── ─── ──── ────── ──── ─── ───── ──── ────── ─── ──── ───── ─── ────── ──── ───── ── ──── ────── ─── ───── ──── ─────── ── ──── ───── ─── ──── ────── ──── ─── ───── ──── ────── ─── ──── ───── ─── ────── ──── ───── ── ──── ────── ─── ───── ──── ─────── ── ──── ───── ─── ──── ────── ──── ─── ───── ──── ────── ─── ──── ───── ─── ────── ──── ───── ── ──── ────── ─── ───── ──── ─────── ── ──── ───── ─── ──── ────── ──── ─── ───── ──── ────── ─── ──── ───── ─── ────── ──── ───── ── ──── ────── ─── ───── ──── ─────── ── ──── ───── ─── ──── ────── ──── ─── ───── ──── ────── ─── ──── ───── ─── ────── ──── ───── ── ──── ────── ─── ───── ──── ─────── ── ──── ───── ─── ──── ────── ──── ─── ───── ──── ────── ─── ──── ───── ─── ────── ──── ───── ── ──── ────── ─── ───── ──── ─────── ── ──── ───── ─── ──── ────── ──── ─── ───── ──── ────── ─── ──── ───── ─── ────── ──── ───── ── ──── ────── ─── ───── ──── ─────── ── ──── ───── ─── ──── ────── ──── ─── ───── ──── ────── ─── ──── ───── ─── ────── ──── ───── ── ──── ────── ─── ───── ──── ─────── ── ──── ───── ─── ──── ────── ──── ─── ───── ──── ────── ─── ──── ───── ─── ────── ──── ───── ── ──── ────── ─── ───── ──── ─────── ── ──── ───── ─── ──── ────── ──── ─── ───── ──── ────── ─── ──── ───── ─── ────── ──── ───── ── ──── ────── ─── ───── ──── ─────── ── ──── ───── ─── ──── ────── ──── ─── ───── ──── ────── ─── ──── ───── ─── ────── ──── ───── ── ──── ────── ─── ───── ──── ─────── ── ──── ───── ─── ──── ────── ──── ─── ───── ──── ────── ─── ──── ───── ─── ────── ──── ───── ── ──── ────── ─── ───── ──── ─────── ── ──── ───── ─── ──── ────── ──── ─── ───── ──── ────── ─── ──── ───── ─── ────── ──── ───── ── ──── ────── ─── ───── ──── ─────── ── ──── ───── ─── ──── ────── ──── ─── ───── ──── ────── ─── ──── ───── ─── ────── ──── ───── ── ──── ────── ─── ───── ──── ─────── ── ──── ───── ─── ──── ────── ──── ─── ───── ──── ────── ─── ──── ───── ─── ────── ──── ───── ── ──── ────── ─── ───── ──── ─────── ── ──── ───── ─── ──── ────── ──── ─── ───── ──── ────── ─── ──── ───── ─── ────── ──── ───── ── ──── ────── ─── ───── ──── ─────── ── ──── ───── ─── ──── ────── ──── ─── ───── ──── ────── ─── ──── ───── ─── ────── ──── ───── ── ──── ────── ─── ───── ──── ─────── ── ──── ───── ─── ──── ────── ──── ─── ───── ──── ────── ─── ──── ───── ─── ────── ──── ───── ── ──── ────── ─── ───── ──── ─────── ── ──── ───── ─── ──── ────── ──── ─── ───── ──── ────── ─── ──── ───── ─── ────── ──── ───── ── ──── ────── ─── ───── ──── ─────── ── ──── ───── ─── ──── ────── ──── ─── ───── ──── ────── ─── ──── ───── ─── ────── ──── ───── ── ──── ────── ─── ───── ──── ─────── ── ──── ───── ─── ──── ────── ──── ─── ───── ──── ────── ─── ──── ───── ─── ────── ──── ───── ── ──── ────── ─── ───── ──── ─────── ── ──── ───── ─── ──── ────── ──── ─── ───── ──── ────── ─── ──── ───── ─── ────── ──── ───── ── ──── ────── ─── ───── ──── ─────── ── ──── ───── ─── ──── ────── ──── ─── ───── ──── ────── ─── ──── ───── ─── ────── ──── ───── ── ──── ────── ─── ───── ──── ─────── ── ──── ───── ─── ──── ────── ──── ─── ───── ──── ────── ─── ──── ───── ─── ────── ──── ───── ── ──── ────── ─── ───── ──── ─────── ── ──── ───── ─── ──── ────── ──── ─── ───── ──── ────── ─── ──── ───── ─── ────── ──── ───── ── ──── ────── ─── ───── ──── ─────── ── ──── ───── ─── ──── ────── ──── ─── ───── ──── ────── ─── ──── ───── ─── ────── ──── ───── ── ──── ────── ─── ───── ──── ─────── ──
──── ────── ─── ──── ───── ─── ────── ──── ───── ── ──── ────── ─── ───── ──── ─────── ── ──── ───── ─── ──── ────── ──── ─── ───── ──── ────── ─── ──── ───── ─── ────── ──── ───── ── ──── ────── ─── ───── ──── ─────── ── ──── ───── ─── ──── ────── ──── ─── ───── ──── ────── ─── ──── ───── ─── ────── ──── ───── ── ──── ────── ─── ───── ──── ─────── ── ──── ───── ─── ──── ────── ──── ─── ───── ──── ────── ─── ──── ───── ─── ────── ──── ───── ── ──── ────── ─── ───── ──── ─────── ── ──── ───── ─── ──── ────── ──── ─── ───── ──── ────── ─── ──── ───── ─── ────── ──── ───── ── ──── ────── ─── ───── ──── ─────── ── ──── ───── ─── ──── ────── ──── ─── ───── ──── ────── ─── ──── ───── ─── ────── ──── ───── ── ──── ────── ─── ───── ──── ─────── ── ──── ───── ─── ──── ────── ──── ─── ───── ──── ────── ─── ──── ───── ─── ────── ──── ───── ── ──── ────── ─── ───── ──── ─────── ── ──── ───── ─── ──── ────── ──── ─── ───── ──── ────── ─── ──── ───── ─── ────── ──── ───── ── ──── ────── ─── ───── ──── ─────── ── ──── ───── ─── ──── ────── ──── ─── ───── ──── ────── ─── ──── ───── ─── ────── ──── ───── ── ──── ────── ─── ───── ──── ─────── ── ──── ───── ─── ──── ────── ──── ─── ───── ──── ────── ─── ──── ───── ─── ────── ──── ───── ── ──── ────── ─── ───── ──── ─────── ── ──── ───── ─── ──── ────── ──── ─── ───── ──── ────── ─── ──── ───── ─── ────── ──── ───── ── ──── ────── ─── ───── ──── ─────── ── ──── ───── ─── ──── ────── ──── ─── ───── ──── ────── ─── ──── ───── ─── ────── ──── ───── ── ──── ────── ─── ───── ──── ─────── ── ──── ───── ─── ──── ────── ──── ─── ───── ──── ────── ─── ──── ───── ─── ────── ──── ───── ── ──── ────── ─── ───── ──── ─────── ── ──── ───── ─── ──── ────── ──── ─── ───── ──── ────── ─── ──── ───── ─── ────── ──── ───── ── ──── ────── ─── ───── ──── ─────── ── ──── ───── ─── ──── ────── ──── ─── ───── ──── ────── ─── ──── ───── ─── ────── ──── ───── ── ──── ────── ─── ───── ──── ─────── ── ──── ───── ─── ──── ────── ──── ─── ───── ──── ────── ─── ──── ───── ─── ────── ──── ───── ── ──── ────── ─── ───── ──── ─────── ── ──── ───── ─── ──── ────── ──── ─── ───── ──── ────── ─── ──── ───── ─── ────── ──── ───── ── ──── ────── ─── ───── ──── ─────── ── ──── ───── ─── ──── ────── ──── ─── ───── ──── ────── ─── ──── ───── ─── ────── ──── ───── ── ──── ────── ─── ───── ──── ─────── ── ──── ───── ─── ──── ────── ──── ─── ───── ──── ────── ─── ──── ───── ─── ────── ──── ───── ── ──── ────── ─── ───── ──── ─────── ── ──── ───── ─── ──── ────── ──── ─── ───── ──── ────── ─── ──── ───── ─── ────── ──── ───── ── ──── ────── ─── ───── ──── ─────── ── ──── ───── ─── ──── ────── ──── ─── ───── ──── ────── ─── ──── ───── ─── ────── ──── ───── ── ──── ────── ─── ───── ──── ─────── ── ──── ───── ─── ──── ────── ──── ─── ───── ──── ────── ─── ──── ───── ─── ────── ──── ───── ── ──── ────── ─── ───── ──── ─────── ── ──── ───── ─── ──── ────── ──── ─── ───── ──── ────── ─── ──── ───── ─── ────── ──── ───── ── ──── ────── ─── ───── ──── ─────── ── ──── ───── ─── ──── ────── ──── ─── ───── ──── ────── ─── ──── ───── ─── ────── ──── ───── ── ──── ────── ─── ───── ──── ─────── ── ──── ───── ─── ──── ────── ──── ─── ───── ──── ────── ─── ──── ───── ─── ────── ──── ───── ── ──── ────── ─── ───── ──── ─────── ── ──── ───── ─── ──── ────── ──── ─── ───── ──── ────── ─── ──── ───── ─── ────── ──── ───── ── ──── ────── ─── ───── ──── ─────── ── ──── ───── ─── ──── ────── ──── ─── ───── ──── ────── ─── ──── ───── ─── ────── ──── ───── ── ──── ────── ─── ───── ──── ─────── ── ──── ───── ─── ──── ────── ──── ─── ───── ──── ────── ─── ──── ───── ─── ────── ──── ───── ── ──── ────── ─── ───── ──── ─────── ── ──── ───── ─── ──── ────── ──── ─── ───── ──── ────── ─── ──── ───── ─── ────── ──── ───── ── ──── ────── ─── ───── ──── ─────── ── ──── ───── ─── ──── ────── ──── ─── ───── ──── ────── ─── ──── ───── ─── ────── ──── ───── ── ──── ────── ─── ───── ──── ─────── ── ──── ───── ─── ──── ────── ──── ─── ───── ──── ────── ─── ──── ───── ─── ────── ──── ───── ── ──── ────── ─── ───── ──── ─────── ──
──── ────── ─── ──── ───── ─── ────── ──── ───── ── ──── ────── ─── ───── ──── ─────── ── ──── ───── ─── ──── ────── ──── ─── ───── ──── ────── ─── ──── ───── ─── ────── ──── ───── ── ──── ────── ─── ───── ──── ─────── ── ──── ───── ─── ──── ────── ──── ─── ───── ──── ────── ─── ──── ───── ─── ────── ──── ───── ── ──── ────── ─── ───── ──── ─────── ── ──── ───── ─── ──── ────── ──── ─── ───── ──── ────── ─── ──── ───── ─── ────── ──── ───── ── ──── ────── ─── ───── ──── ─────── ── ──── ───── ─── ──── ────── ──── ─── ───── ──── ────── ─── ──── ───── ─── ────── ──── ───── ── ──── ────── ─── ───── ──── ─────── ── ──── ───── ─── ──── ────── ──── ─── ───── ──── ────── ─── ──── ───── ─── ────── ──── ───── ── ──── ────── ─── ───── ──── ─────── ── ──── ───── ─── ──── ────── ──── ─── ───── ──── ────── ─── ──── ───── ─── ────── ──── ───── ── ──── ────── ─── ───── ──── ─────── ── ──── ───── ─── ──── ────── ──── ─── ───── ──── ────── ─── ──── ───── ─── ────── ──── ───── ── ──── ────── ─── ───── ──── ─────── ── ──── ───── ─── ──── ────── ──── ─── ───── ──── ────── ─── ──── ───── ─── ────── ──── ───── ── ──── ────── ─── ───── ──── ─────── ── ──── ───── ─── ──── ────── ──── ─── ───── ──── ────── ─── ──── ───── ─── ────── ──── ───── ── ──── ────── ─── ───── ──── ─────── ── ──── ───── ─── ──── ────── ──── ─── ───── ──── ────── ─── ──── ───── ─── ────── ──── ───── ── ──── ────── ─── ───── ──── ─────── ── ──── ───── ─── ──── ────── ──── ─── ───── ──── ────── ─── ──── ───── ─── ────── ──── ───── ── ──── ────── ─── ───── ──── ─────── ── ──── ───── ─── ──── ────── ──── ─── ───── ──── ────── ─── ──── ───── ─── ────── ──── ───── ── ──── ────── ─── ───── ──── ─────── ── ──── ───── ─── ──── ────── ──── ─── ───── ──── ────── ─── ──── ───── ─── ────── ──── ───── ── ──── ────── ─── ───── ──── ─────── ── ──── ───── ─── ──── ────── ──── ─── ───── ──── ────── ─── ──── ───── ─── ────── ──── ───── ── ──── ────── ─── ───── ──── ─────── ── ──── ───── ─── ──── ────── ──── ─── ───── ──── ────── ─── ──── ───── ─── ────── ──── ───── ── ──── ────── ─── ───── ──── ─────── ── ──── ───── ─── ──── ────── ──── ─── ───── ──── ────── ─── ──── ───── ─── ────── ──── ───── ── ──── ────── ─── ───── ──── ─────── ── ──── ───── ─── ──── ────── ──── ─── ───── ──── ────── ─── ──── ───── ─── ────── ──── ───── ── ──── ────── ─── ───── ──── ─────── ── ──── ───── ─── ──── ────── ──── ─── ───── ──── ────── ─── ──── ───── ─── ────── ──── ───── ── ──── ────── ─── ───── ──── ─────── ── ──── ───── ─── ──── ────── ──── ─── ───── ──── ────── ─── ──── ───── ─── ────── ──── ───── ── ──── ────── ─── ───── ──── ─────── ── ──── ───── ─── ──── ────── ──── ─── ───── ──── ────── ─── ──── ───── ─── ────── ──── ───── ── ──── ────── ─── ───── ──── ─────── ── ──── ───── ─── ──── ────── ──── ─── ───── ──── ────── ─── ──── ───── ─── ────── ──── ───── ── ──── ────── ─── ───── ──── ─────── ── ──── ───── ─── ──── ────── ──── ─── ───── ──── ────── ─── ──── ───── ─── ────── ──── ───── ── ──── ────── ─── ───── ──── ─────── ── ──── ───── ─── ──── ────── ──── ─── ───── ──── ────── ─── ──── ───── ─── ────── ──── ───── ── ──── ────── ─── ───── ──── ─────── ── ──── ───── ─── ──── ────── ──── ─── ───── ──── ────── ─── ──── ───── ─── ────── ──── ───── ── ──── ────── ─── ───── ──── ─────── ── ──── ───── ─── ──── ────── ──── ─── ───── ──── ────── ─── ──── ───── ─── ────── ──── ───── ── ──── ────── ─── ───── ──── ─────── ── ──── ───── ─── ──── ────── ──── ─── ───── ──── ────── ─── ──── ───── ─── ────── ──── ───── ── ──── ────── ─── ───── ──── ─────── ── ──── ───── ─── ──── ────── ──── ─── ───── ──── ────── ─── ──── ───── ─── ────── ──── ───── ── ──── ────── ─── ───── ──── ─────── ── ──── ───── ─── ──── ────── ──── ─── ───── ──── ────── ─── ──── ───── ─── ────── ──── ───── ── ──── ────── ─── ───── ──── ─────── ── ──── ───── ─── ──── ────── ──── ─── ───── ──── ────── ─── ──── ───── ─── ────── ──── ───── ── ──── ────── ─── ───── ──── ─────── ── ──── ───── ─── ──── ────── ──── ─── ───── ──── ────── ─── ──── ───── ─── ────── ──── ───── ── ──── ────── ─── ───── ──── ─────── ──
──── ────── ─── ──── ───── ─── ────── ──── ───── ── ──── ────── ─── ───── ──── ─────── ── ──── ───── ─── ──── ────── ──── ─── ───── ──── ────── ─── ──── ───── ─── ────── ──── ───── ── ──── ────── ─── ───── ──── ─────── ── ──── ───── ─── ──── ────── ──── ─── ───── ──── ────── ─── ──── ───── ─── ────── ──── ───── ── ──── ────── ─── ───── ──── ─────── ── ──── ───── ─── ──── ────── ──── ─── ───── ──── ────── ─── ──── ───── ─── ────── ──── ───── ── ──── ────── ─── ───── ──── ─────── ── ──── ───── ─── ──── ────── ──── ─── ───── ──── ────── ─── ──── ───── ─── ────── ──── ───── ── ──── ────── ─── ───── ──── ─────── ── ──── ───── ─── ──── ────── ──── ─── ───── ──── ────── ─── ──── ───── ─── ────── ──── ───── ── ──── ────── ─── ───── ──── ─────── ── ──── ───── ─── ──── ────── ──── ─── ───── ──── ────── ─── ──── ───── ─── ────── ──── ───── ── ──── ────── ─── ───── ──── ─────── ── ──── ───── ─── ──── ────── ──── ─── ───── ──── ────── ─── ──── ───── ─── ────── ──── ───── ── ──── ────── ─── ───── ──── ─────── ── ──── ───── ─── ──── ────── ──── ─── ───── ──── ────── ─── ──── ───── ─── ────── ──── ───── ── ──── ────── ─── ───── ──── ─────── ── ──── ───── ─── ──── ────── ──── ─── ───── ──── ────── ─── ──── ───── ─── ────── ──── ───── ── ──── ────── ─── ───── ──── ─────── ── ──── ───── ─── ──── ────── ──── ─── ───── ──── ────── ─── ──── ───── ─── ────── ──── ───── ── ──── ────── ─── ───── ──── ─────── ── ──── ───── ─── ──── ────── ──── ─── ───── ──── ────── ─── ──── ───── ─── ────── ──── ───── ── ──── ────── ─── ───── ──── ─────── ── ──── ───── ─── ──── ────── ──── ─── ───── ──── ────── ─── ──── ───── ─── ────── ──── ───── ── ──── ────── ─── ───── ──── ─────── ── ──── ───── ─── ──── ────── ──── ─── ───── ──── ────── ─── ──── ───── ─── ────── ──── ───── ── ──── ────── ─── ───── ──── ─────── ── ──── ───── ─── ──── ────── ──── ─── ───── ──── ────── ─── ──── ───── ─── ────── ──── ───── ── ──── ────── ─── ───── ──── ─────── ── ──── ───── ─── ──── ────── ──── ─── ───── ──── ────── ─── ──── ───── ─── ────── ──── ───── ── ──── ────── ─── ───── ──── ─────── ── ──── ───── ─── ──── ────── ──── ─── ───── ──── ────── ─── ──── ───── ─── ────── ──── ───── ── ──── ────── ─── ───── ──── ─────── ── ──── ───── ─── ──── ────── ──── ─── ───── ──── ────── ─── ──── ───── ─── ────── ──── ───── ── ──── ────── ─── ───── ──── ─────── ── ──── ───── ─── ──── ────── ──── ─── ───── ──── ────── ─── ──── ───── ─── ────── ──── ───── ── ──── ────── ─── ───── ──── ─────── ── ──── ───── ─── ──── ────── ──── ─── ───── ──── ────── ─── ──── ───── ─── ────── ──── ───── ── ──── ────── ─── ───── ──── ─────── ── ──── ───── ─── ──── ────── ──── ─── ───── ──── ────── ─── ──── ───── ─── ────── ──── ───── ── ──── ────── ─── ───── ──── ─────── ── ──── ───── ─── ──── ────── ──── ─── ───── ──── ────── ─── ──── ───── ─── ────── ──── ───── ── ──── ────── ─── ───── ──── ─────── ── ──── ───── ─── ──── ────── ──── ─── ───── ──── ────── ─── ──── ───── ─── ────── ──── ───── ── ──── ────── ─── ───── ──── ─────── ── ──── ───── ─── ──── ────── ──── ─── ───── ──── ────── ─── ──── ───── ─── ────── ──── ───── ── ──── ────── ─── ───── ──── ─────── ── ──── ───── ─── ──── ────── ──── ─── ───── ──── ────── ─── ──── ───── ─── ────── ──── ───── ── ──── ────── ─── ───── ──── ─────── ── ──── ───── ─── ──── ────── ──── ─── ───── ──── ────── ─── ──── ───── ─── ────── ──── ───── ── ──── ────── ─── ───── ──── ─────── ── ──── ───── ─── ──── ────── ──── ─── ───── ──── ────── ─── ──── ───── ─── ────── ──── ───── ── ──── ────── ─── ───── ──── ─────── ── ──── ───── ─── ──── ────── ──── ─── ───── ──── ────── ─── ──── ───── ─── ────── ──── ───── ── ──── ────── ─── ───── ──── ─────── ── ──── ───── ─── ──── ────── ──── ─── ───── ──── ────── ─── ──── ───── ─── ────── ──── ───── ── ──── ────── ─── ───── ──── ─────── ── ──── ───── ─── ──── ────── ──── ─── ───── ──── ────── ─── ──── ───── ─── ────── ──── ───── ── ──── ────── ─── ───── ──── ─────── ── ──── ───── ─── ──── ────── ──── ─── ───── ──── ────── ─── ──── ───── ─── ────── ──── ───── ── ──── ────── ─── ───── ──── ─────── ──
आमदार बाबासाहेब पाटील यांची मंत्रिमंडळात वर्णी?
चाकूर : प्रतिनिधी
──── ────── ─── ──── ───── ─── ────── ──── ───── ── ──── ────── ─── ───── ──── ─────── ── ──── ───── ─── ──── ────── ──── ─── ───── ──── ────── ─── ──── ───── ─── ────── ──── ───── ── ──── ────── ─── ───── ──── ─────── ── ──── ───── ─── ──── ────── ──── ─── ───── ──── ────── ─── ──── ───── ─── ────── ──── ───── ── ──── ────── ─── ───── ──── ─────── ── ──── ───── ─── ──── ────── ──── ─── ───── ──── ────── ─── ──── ───── ─── ────── ──── ───── ── ──── ────── ─── ───── ──── ─────── ── ──── ───── ─── ──── ────── ──── ─── ───── ──── ────── ─── ──── ───── ─── ────── ──── ───── ── ──── ────── ─── ───── ──── ─────── ── ──── ───── ─── ──── ────── ──── ─── ───── ──── ────── ─── ──── ───── ─── ────── ──── ───── ── ──── ────── ─── ───── ──── ─────── ── ──── ───── ─── ──── ────── ──── ─── ───── ──── ────── ─── ──── ───── ─── ────── ──── ───── ── ──── ────── ─── ───── ──── ─────── ── ──── ───── ─── ──── ────── ──── ─── ───── ──── ────── ─── ──── ───── ─── ────── ──── ───── ── ──── ────── ─── ───── ──── ─────── ── ──── ───── ─── ──── ────── ──── ─── ───── ──── ────── ─── ──── ───── ─── ────── ──── ───── ── ──── ────── ─── ───── ──── ─────── ── ──── ───── ─── ──── ────── ──── ─── ───── ──── ────── ─── ──── ───── ─── ────── ──── ───── ── ──── ────── ─── ───── ──── ─────── ── ──── ───── ─── ──── ────── ──── ─── ───── ──── ────── ─── ──── ───── ─── ────── ──── ───── ── ──── ────── ─── ───── ──── ─────── ── ──── ───── ─── ──── ────── ──── ─── ───── ──── ────── ─── ──── ───── ─── ────── ──── ───── ── ──── ────── ─── ───── ──── ─────── ── ──── ───── ─── ──── ────── ──── ─── ───── ──── ────── ─── ──── ───── ─── ────── ──── ───── ── ──── ────── ─── ───── ──── ─────── ── ──── ───── ─── ──── ────── ──── ─── ───── ──── ────── ─── ──── ───── ─── ────── ──── ───── ── ──── ────── ─── ───── ──── ─────── ── ──── ───── ─── ──── ────── ──── ─── ───── ──── ────── ─── ──── ───── ─── ────── ──── ───── ── ──── ────── ─── ───── ──── ─────── ── ──── ───── ─── ──── ────── ──── ─── ───── ──── ────── ─── ──── ───── ─── ────── ──── ───── ── ──── ────── ─── ───── ──── ─────── ── ──── ───── ─── ──── ────── ──── ─── ───── ──── ────── ─── ──── ───── ─── ────── ──── ───── ── ──── ────── ─── ───── ──── ─────── ── ──── ───── ─── ──── ────── ──── ─── ───── ──── ────── ─── ──── ───── ─── ────── ──── ───── ── ──── ────── ─── ───── ──── ─────── ── ──── ───── ─── ──── ────── ──── ─── ───── ──── ────── ─── ──── ───── ─── ────── ──── ───── ── ──── ────── ─── ───── ──── ─────── ── ──── ───── ─── ──── ────── ──── ─── ───── ──── ────── ─── ──── ───── ─── ────── ──── ───── ── ──── ────── ─── ───── ──── ─────── ── ──── ───── ─── ──── ────── ──── ─── ───── ──── ────── ─── ──── ───── ─── ────── ──── ───── ── ──── ────── ─── ───── ──── ─────── ── ──── ───── ─── ──── ────── ──── ─── ───── ──── ────── ─── ──── ───── ─── ────── ──── ───── ── ──── ────── ─── ───── ──── ─────── ── ──── ───── ─── ──── ────── ──── ─── ───── ──── ────── ─── ──── ───── ─── ────── ──── ───── ── ──── ────── ─── ───── ──── ─────── ── ──── ───── ─── ──── ────── ──── ─── ───── ──── ────── ─── ──── ───── ─── ────── ──── ───── ── ──── ────── ─── ───── ──── ─────── ── ──── ───── ─── ──── ────── ──── ─── ───── ──── ────── ─── ──── ───── ─── ────── ──── ───── ── ──── ────── ─── ───── ──── ─────── ── ──── ───── ─── ──── ────── ──── ─── ───── ──── ────── ─── ──── ───── ─── ────── ──── ───── ── ──── ────── ─── ───── ──── ─────── ── ──── ───── ─── ──── ────── ──── ─── ───── ──── ────── ─── ──── ───── ─── ────── ──── ───── ── ──── ────── ─── ───── ──── ─────── ── ──── ───── ─── ──── ────── ──── ─── ───── ──── ────── ─── ──── ───── ─── ────── ──── ───── ── ──── ────── ─── ───── ──── ─────── ── ──── ───── ─── ──── ────── ──── ─── ───── ──── ────── ─── ──── ───── ─── ────── ──── ───── ── ──── ────── ─── ───── ──── ─────── ── ──── ───── ─── ──── ────── ──── ─── ───── ──── ────── ─── ──── ───── ─── ────── ──── ───── ── ──── ────── ─── ───── ──── ─────── ── ──── ───── ─── ──── ────── ──── ─── ───── ──── ────── ─── ──── ───── ─── ────── ──── ───── ── ──── ────── ─── ───── ──── ─────── ──	आमदार बाबासाहेब पाटील यांच्याबद्दल अनुकूल चित्र
──── ────── ─── ──── ───── ─── ────── ──── ───── ── ──── ────── ─── ───── ──── ─────── ── ──── ───── ─── ──── ────── ──── ─── ───── ──── ────── ─── ──── ───── ─── ────── ──── ───── ── ──── ────── ─── ───── ──── ─────── ── ──── ───── ─── ──── ────── ──── ─── ───── ──── ────── ─── ──── ───── ─── ────── ──── ───── ── ──── ────── ─── ───── ──── ─────── ── ──── ───── ─── ──── ────── ──── ─── ───── ──── ────── ─── ──── ───── ─── ────── ──── ───── ── ──── ────── ─── ───── ──── ─────── ── ──── ───── ─── ──── ────── ──── ─── ───── ──── ────── ─── ──── ───── ─── ────── ──── ───── ── ──── ────── ─── ───── ──── ─────── ── ──── ───── ─── ──── ────── ──── ─── ───── ──── ────── ─── ──── ───── ─── ────── ──── ───── ── ──── ────── ─── ───── ──── ─────── ── ──── ───── ─── ──── ────── ──── ─── ───── ──── ────── ─── ──── ───── ─── ────── ──── ───── ── ──── ────── ─── ───── ──── ─────── ── ──── ───── ─── ──── ────── ──── ─── ───── ──── ────── ─── ──── ───── ─── ────── ──── ───── ── ──── ────── ─── ───── ──── ─────── ── ──── ───── ─── ──── ────── ──── ─── ───── ──── ────── ─── ──── ───── ─── ────── ──── ───── ── ──── ────── ─── ───── ──── ─────── ── ──── ───── ─── ──── ────── ──── ─── ───── ──── ────── ─── ──── ───── ─── ────── ──── ───── ── ──── ────── ─── ───── ──── ─────── ── ──── ───── ─── ──── ────── ──── ─── ───── ──── ────── ─── ──── ───── ─── ────── ──── ───── ── ──── ────── ─── ───── ──── ─────── ── ──── ───── ─── ──── ────── ──── ─── ───── ──── ────── ─── ──── ───── ─── ────── ──── ───── ── ──── ────── ─── ───── ──── ─────── ── ──── ───── ─── ──── ────── ──── ─── ───── ──── ────── ─── ──── ───── ─── ────── ──── ───── ── ──── ────── ─── ───── ──── ─────── ── ──── ───── ─── ──── ────── ──── ─── ───── ──── ────── ─── ──── ───── ─── ────── ──── ───── ── ──── ────── ─── ───── ──── ─────── ── ──── ───── ─── ──── ────── ──── ─── ───── ──── ────── ─── ──── ───── ─── ────── ──── ───── ── ──── ────── ─── ───── ──── ─────── ── ──── ───── ─── ──── ────── ──── ─── ───── ──── ────── ─── ──── ───── ─── ────── ──── ───── ── ──── ────── ─── ───── ──── ─────── ── ──── ───── ─── ──── ────── ──── ─── ───── ──── ────── ─── ──── ───── ─── ────── ──── ───── ── ──── ────── ─── ───── ──── ─────── ── ──── ───── ─── ──── ────── ──── ─── ───── ──── ────── ─── ──── ───── ─── ────── ──── ───── ── ──── ────── ─── ───── ──── ─────── ── ──── ───── ─── ──── ────── ──── ─── ───── ──── ────── ─── ──── ───── ─── ────── ──── ───── ── ──── ────── ─── ───── ──── ─────── ── ──── ───── ─── ──── ────── ──── ─── ───── ──── ────── ─── ──── ───── ─── ────── ──── ───── ── ──── ────── ─── ───── ──── ─────── ── ──── ───── ─── ──── ────── ──── ─── ───── ──── ────── ─── ──── ───── ─── ────── ──── ───── ── ──── ────── ─── ───── ──── ─────── ── ──── ───── ─── ──── ────── ──── ─── ───── ──── ────── ─── ──── ───── ─── ────── ──── ───── ── ──── ────── ─── ───── ──── ─────── ── ──── ───── ─── ──── ────── ──── ─── ───── ──── ────── ─── ──── ───── ─── ────── ──── ───── ── ──── ────── ─── ───── ──── ─────── ── ──── ───── ─── ──── ────── ──── ─── ───── ──── ────── ─── ──── ───── ─── ────── ──── ───── ── ──── ────── ─── ───── ──── ─────── ── ──── ───── ─── ──── ────── ──── ─── ───── ──── ────── ─── ──── ───── ─── ────── ──── ───── ── ──── ────── ─── ───── ──── ─────── ── ──── ───── ─── ──── ────── ──── ─── ───── ──── ────── ─── ──── ───── ─── ────── ──── ───── ── ──── ────── ─── ───── ──── ─────── ── ──── ───── ─── ──── ────── ──── ─── ───── ──── ────── ─── ──── ───── ─── ────── ──── ───── ── ──── ────── ─── ───── ──── ─────── ── ──── ───── ─── ──── ────── ──── ─── ───── ──── ────── ─── ──── ───── ─── ────── ──── ───── ── ──── ────── ─── ───── ──── ─────── ── ──── ───── ─── ──── ────── ──── ─── ───── ──── ────── ─── ──── ───── ─── ────── ──── ───── ── ──── ────── ─── ───── ──── ─────── ── ──── ───── ─── ──── ────── ──── ─── ───── ──── ────── ─── ──── ───── ─── ────── ──── ───── ── ──── ────── ─── ───── ──── ─────── ── ──── ───── ─── ──── ────── ──── ─── ───── ──── ────── ─── ──── ───── ─── ────── ──── ───── ── ──── ────── ─── ───── ──── ─────── ──
──── ────── ─── ──── ───── ─── ────── ──── ───── ── ──── ────── ─── ───── ──── ─────── ── ──── ───── ─── ──── ────── ──── ─── ───── ──── ────── ─── ──── ───── ─── ────── ──── ───── ── ──── ────── ─── ───── ──── ─────── ── ──── ───── ─── ──── ────── ──── ─── ───── ──── ────── ─── ──── ───── ─── ────── ──── ───── ── ──── ────── ─── ───── ──── ─────── ── ──── ───── ─── ──── ────── ──── ─── ───── ──── ────── ─── ──── ───── ─── ────── ──── ───── ── ──── ────── ─── ───── ──── ─────── ── ──── ───── ─── ──── ────── ──── ─── ───── ──── ────── ─── ──── ───── ─── ────── ──── ───── ── ──── ────── ─── ───── ──── ─────── ── ──── ───── ─── ──── ────── ──── ─── ───── ──── ────── ─── ──── ───── ─── ────── ──── ───── ── ──── ────── ─── ───── ──── ─────── ── ──── ───── ─── ──── ────── ──── ─── ───── ──── ────── ─── ──── ───── ─── ────── ──── ───── ── ──── ────── ─── ───── ──── ─────── ── ──── ───── ─── ──── ────── ──── ─── ───── ──── ────── ─── ──── ───── ─── ────── ──── ───── ── ──── ────── ─── ───── ──── ─────── ── ──── ───── ─── ──── ────── ──── ─── ───── ──── ────── ─── ──── ───── ─── ────── ──── ───── ── ──── ────── ─── ───── ──── ─────── ── ──── ───── ─── ──── ────── ──── ─── ───── ──── ────── ─── ──── ───── ─── ────── ──── ───── ── ──── ────── ─── ───── ──── ─────── ── ──── ───── ─── ──── ────── ──── ─── ───── ──── ────── ─── ──── ───── ─── ────── ──── ───── ── ──── ────── ─── ───── ──── ─────── ── ──── ───── ─── ──── ────── ──── ─── ───── ──── ────── ─── ──── ───── ─── ────── ──── ───── ── ──── ────── ─── ───── ──── ─────── ── ──── ───── ─── ──── ────── ──── ─── ───── ──── ────── ─── ──── ───── ─── ────── ──── ───── ── ──── ────── ─── ───── ──── ─────── ── ──── ───── ─── ──── ────── ──── ─── ───── ──── ────── ─── ──── ───── ─── ────── ──── ───── ── ──── ────── ─── ───── ──── ─────── ── ──── ───── ─── ──── ────── ──── ─── ───── ──── ────── ─── ──── ───── ─── ────── ──── ───── ── ──── ────── ─── ───── ──── ─────── ── ──── ───── ─── ──── ────── ──── ─── ───── ──── ────── ─── ──── ───── ─── ────── ──── ───── ── ──── ────── ─── ───── ──── ─────── ── ──── ───── ─── ──── ────── ──── ─── ───── ──── ────── ─── ──── ───── ─── ────── ──── ───── ── ──── ────── ─── ───── ──── ─────── ── ──── ───── ─── ──── ────── ──── ─── ───── ──── ────── ─── ──── ───── ─── ────── ──── ───── ── ──── ────── ─── ───── ──── ─────── ── ──── ───── ─── ──── ────── ──── ─── ───── ──── ────── ─── ──── ───── ─── ────── ──── ───── ── ──── ────── ─── ───── ──── ─────── ── ──── ───── ─── ──── ────── ──── ─── ───── ──── ────── ─── ──── ───── ─── ────── ──── ───── ── ──── ────── ─── ───── ──── ─────── ── ──── ───── ─── ──── ────── ──── ─── ───── ──── ────── ─── ──── ───── ─── ────── ──── ───── ── ──── ────── ─── ───── ──── ─────── ── ──── ───── ─── ──── ────── ──── ─── ───── ──── ────── ─── ──── ───── ─── ────── ──── ───── ── ──── ────── ─── ───── ──── ─────── ── ──── ───── ─── ──── ────── ──── ─── ───── ──── ────── ─── ──── ───── ─── ────── ──── ───── ── ──── ────── ─── ───── ──── ─────── ── ──── ───── ─── ──── ────── ──── ─── ───── ──── ────── ─── ──── ───── ─── ────── ──── ───── ── ──── ────── ─── ───── ──── ─────── ── ──── ───── ─── ──── ────── ──── ─── ───── ──── ────── ─── ──── ───── ─── ────── ──── ───── ── ──── ────── ─── ───── ──── ─────── ── ──── ───── ─── ──── ────── ──── ─── ───── ──── ────── ─── ──── ───── ─── ────── ──── ───── ── ──── ────── ─── ───── ──── ─────── ── ──── ───── ─── ──── ────── ──── ─── ───── ──── ────── ─── ──── ───── ─── ────── ──── ───── ── ──── ────── ─── ───── ──── ─────── ── ──── ───── ─── ──── ────── ──── ─── ───── ──── ────── ─── ──── ───── ─── ────── ──── ───── ── ──── ────── ─── ───── ──── ─────── ── ──── ───── ─── ──── ────── ──── ─── ───── ──── ────── ─── ──── ───── ─── ────── ──── ───── ── ──── ────── ─── ───── ──── ─────── ── ──── ───── ─── ──── ────── ──── ─── ───── ──── ────── ─── ──── ───── ─── ────── ──── ───── ── ──── ────── ─── ───── ──── ─────── ── ──── ───── ─── ──── ────── ──── ─── ───── ──── ────── ─── ──── ───── ─── ────── ──── ───── ── ──── ────── ─── ───── ──── ─────── ──
──── ────── ─── ──── ───── ─── ────── ──── ───── ── ──── ────── ─── ───── ──── ─────── ── ──── ───── ─── ──── ────── ──── ─── ───── ──── ────── ─── ──── ───── ─── ────── ──── ───── ── ──── ────── ─── ───── ──── ─────── ── ──── ───── ─── ──── ────── ──── ─── ───── ──── ────── ─── ──── ───── ─── ────── ──── ───── ── ──── ────── ─── ───── ──── ─────── ── ──── ───── ─── ──── ────── ──── ─── ───── ──── ────── ─── ──── ───── ─── ────── ──── ───── ── ──── ────── ─── ───── ──── ─────── ── ──── ───── ─── ──── ────── ──── ─── ───── ──── ────── ─── ──── ───── ─── ────── ──── ───── ── ──── ────── ─── ───── ──── ─────── ── ──── ───── ─── ──── ────── ──── ─── ───── ──── ────── ─── ──── ───── ─── ────── ──── ───── ── ──── ────── ─── ───── ──── ─────── ── ──── ───── ─── ──── ────── ──── ─── ───── ──── ────── ─── ──── ───── ─── ────── ──── ───── ── ──── ────── ─── ───── ──── ─────── ── ──── ───── ─── ──── ────── ──── ─── ───── ──── ────── ─── ──── ───── ─── ────── ──── ───── ── ──── ────── ─── ───── ──── ─────── ── ──── ───── ─── ──── ────── ──── ─── ───── ──── ────── ─── ──── ───── ─── ────── ──── ───── ── ──── ────── ─── ───── ──── ─────── ── ──── ───── ─── ──── ────── ──── ─── ───── ──── ────── ─── ──── ───── ─── ────── ──── ───── ── ──── ────── ─── ───── ──── ─────── ── ──── ───── ─── ──── ────── ──── ─── ───── ──── ────── ─── ──── ───── ─── ────── ──── ───── ── ──── ────── ─── ───── ──── ─────── ── ──── ───── ─── ──── ────── ──── ─── ───── ──── ────── ─── ──── ───── ─── ────── ──── ───── ── ──── ────── ─── ───── ──── ─────── ── ──── ───── ─── ──── ────── ──── ─── ───── ──── ────── ─── ──── ───── ─── ────── ──── ───── ── ──── ────── ─── ───── ──── ─────── ── ──── ───── ─── ──── ────── ──── ─── ───── ──── ────── ─── ──── ───── ─── ────── ──── ───── ── ──── ────── ─── ───── ──── ─────── ── ──── ───── ─── ──── ────── ──── ─── ───── ──── ────── ─── ──── ───── ─── ────── ──── ───── ── ──── ────── ─── ───── ──── ─────── ── ──── ───── ─── ──── ────── ──── ─── ───── ──── ────── ─── ──── ───── ─── ────── ──── ───── ── ──── ────── ─── ───── ──── ─────── ── ──── ───── ─── ──── ────── ──── ─── ───── ──── ────── ─── ──── ───── ─── ────── ──── ───── ── ──── ────── ─── ───── ──── ─────── ── ──── ───── ─── ──── ────── ──── ─── ───── ──── ────── ─── ──── ───── ─── ────── ──── ───── ── ──── ────── ─── ───── ──── ─────── ── ──── ───── ─── ──── ────── ──── ─── ───── ──── ────── ─── ──── ───── ─── ────── ──── ───── ── ──── ────── ─── ───── ──── ─────── ── ──── ───── ─── ──── ────── ──── ─── ───── ──── ────── ─── ──── ───── ─── ────── ──── ───── ── ──── ────── ─── ───── ──── ─────── ── ──── ───── ─── ──── ────── ──── ─── ───── ──── ────── ─── ──── ───── ─── ────── ──── ───── ── ──── ────── ─── ───── ──── ─────── ── ──── ───── ─── ──── ────── ──── ─── ───── ──── ────── ─── ──── ───── ─── ────── ──── ───── ── ──── ────── ─── ───── ──── ─────── ── ──── ───── ─── ──── ────── ──── ─── ───── ──── ────── ─── ──── ───── ─── ────── ──── ───── ── ──── ────── ─── ───── ──── ─────── ── ──── ───── ─── ──── ────── ──── ─── ───── ──── ────── ─── ──── ───── ─── ────── ──── ───── ── ──── ────── ─── ───── ──── ─────── ── ──── ───── ─── ──── ────── ──── ─── ───── ──── ────── ─── ──── ───── ─── ────── ──── ───── ── ──── ────── ─── ───── ──── ─────── ── ──── ───── ─── ──── ────── ──── ─── ───── ──── ────── ─── ──── ───── ─── ────── ──── ───── ── ──── ────── ─── ───── ──── ─────── ── ──── ───── ─── ──── ────── ──── ─── ───── ──── ────── ─── ──── ───── ─── ────── ──── ───── ── ──── ────── ─── ───── ──── ─────── ── ──── ───── ─── ──── ────── ──── ─── ───── ──── ────── ─── ──── ───── ─── ────── ──── ───── ── ──── ────── ─── ───── ──── ─────── ── ──── ───── ─── ──── ────── ──── ─── ───── ──── ────── ─── ──── ───── ─── ────── ──── ───── ── ──── ────── ─── ───── ──── ─────── ── ──── ───── ─── ──── ────── ──── ─── ───── ──── ────── ─── ──── ───── ─── ────── ──── ───── ── ──── ────── ─── ───── ──── ─────── ── ──── ───── ─── ──── ────── ──── ─── ───── ──── ────── ─── ──── ───── ─── ────── ──── ───── ── ──── ────── ─── ───── ──── ─────── ──	आमदार पाटील यांचे कार्यकर्ते मुंबईत दाखल
──── ────── ─── ──── ───── ─── ────── ──── ───── ── ──── ────── ─── ───── ──── ─────── ── ──── ───── ─── ──── ────── ──── ─── ───── ──── ────── ─── ──── ───── ─── ────── ──── ───── ── ──── ────── ─── ───── ──── ─────── ── ──── ───── ─── ──── ────── ──── ─── ───── ──── ────── ─── ──── ───── ─── ────── ──── ───── ── ──── ────── ─── ───── ──── ─────── ── ──── ───── ─── ──── ────── ──── ─── ───── ──── ────── ─── ──── ───── ─── ────── ──── ───── ── ──── ────── ─── ───── ──── ─────── ── ──── ───── ─── ──── ────── ──── ─── ───── ──── ────── ─── ──── ───── ─── ────── ──── ───── ── ──── ────── ─── ───── ──── ─────── ── ──── ───── ─── ──── ────── ──── ─── ───── ──── ────── ─── ──── ───── ─── ────── ──── ───── ── ──── ────── ─── ───── ──── ─────── ── ──── ───── ─── ──── ────── ──── ─── ───── ──── ────── ─── ──── ───── ─── ────── ──── ───── ── ──── ────── ─── ───── ──── ─────── ── ──── ───── ─── ──── ────── ──── ─── ───── ──── ────── ─── ──── ───── ─── ────── ──── ───── ── ──── ────── ─── ───── ──── ─────── ── ──── ───── ─── ──── ────── ──── ─── ───── ──── ────── ─── ──── ───── ─── ────── ──── ───── ── ──── ────── ─── ───── ──── ─────── ── ──── ───── ─── ──── ────── ──── ─── ───── ──── ────── ─── ──── ───── ─── ────── ──── ───── ── ──── ────── ─── ───── ──── ─────── ── ──── ───── ─── ──── ────── ──── ─── ───── ──── ────── ─── ──── ───── ─── ────── ──── ───── ── ──── ────── ─── ───── ──── ─────── ── ──── ───── ─── ──── ────── ──── ─── ───── ──── ────── ─── ──── ───── ─── ────── ──── ───── ── ──── ────── ─── ───── ──── ─────── ── ──── ───── ─── ──── ────── ──── ─── ───── ──── ────── ─── ──── ───── ─── ────── ──── ───── ── ──── ────── ─── ───── ──── ─────── ── ──── ───── ─── ──── ────── ──── ─── ───── ──── ────── ─── ──── ───── ─── ────── ──── ───── ── ──── ────── ─── ───── ──── ─────── ── ──── ───── ─── ──── ────── ──── ─── ───── ──── ────── ─── ──── ───── ─── ────── ──── ───── ── ──── ────── ─── ───── ──── ─────── ── ──── ───── ─── ──── ────── ──── ─── ───── ──── ────── ─── ──── ───── ─── ────── ──── ───── ── ──── ────── ─── ───── ──── ─────── ── ──── ───── ─── ──── ────── ──── ─── ───── ──── ────── ─── ──── ───── ─── ────── ──── ───── ── ──── ────── ─── ───── ──── ─────── ── ──── ───── ─── ──── ────── ──── ─── ───── ──── ────── ─── ──── ───── ─── ────── ──── ───── ── ──── ────── ─── ───── ──── ─────── ── ──── ───── ─── ──── ────── ──── ─── ───── ──── ────── ─── ──── ───── ─── ────── ──── ───── ── ──── ────── ─── ───── ──── ─────── ── ──── ───── ─── ──── ────── ──── ─── ───── ──── ────── ─── ──── ───── ─── ────── ──── ───── ── ──── ────── ─── ───── ──── ─────── ── ──── ───── ─── ──── ────── ──── ─── ───── ──── ────── ─── ──── ───── ─── ────── ──── ───── ── ──── ────── ─── ───── ──── ─────── ── ──── ───── ─── ──── ────── ──── ─── ───── ──── ────── ─── ──── ───── ─── ────── ──── ───── ── ──── ────── ─── ───── ──── ─────── ── ──── ───── ─── ──── ────── ──── ─── ───── ──── ────── ─── ──── ───── ─── ────── ──── ───── ── ──── ────── ─── ───── ──── ─────── ── ──── ───── ─── ──── ────── ──── ─── ───── ──── ────── ─── ──── ───── ─── ────── ──── ───── ── ──── ────── ─── ───── ──── ─────── ── ──── ───── ─── ──── ────── ──── ─── ───── ──── ────── ─── ──── ───── ─── ────── ──── ───── ── ──── ────── ─── ───── ──── ─────── ── ──── ───── ─── ──── ────── ──── ─── ───── ──── ────── ─── ──── ───── ─── ────── ──── ───── ── ──── ────── ─── ───── ──── ─────── ── ──── ───── ─── ──── ────── ──── ─── ───── ──── ────── ─── ──── ───── ─── ────── ──── ───── ── ──── ────── ─── ───── ──── ─────── ── ──── ───── ─── ──── ────── ──── ─── ───── ──── ────── ─── ──── ───── ─── ────── ──── ───── ── ──── ────── ─── ───── ──── ─────── ── ──── ───── ─── ──── ────── ──── ─── ───── ──── ────── ─── ──── ───── ─── ────── ──── ───── ── ──── ────── ─── ───── ──── ─────── ── ──── ───── ─── ──── ────── ──── ─── ───── ──── ────── ─── ──── ───── ─── ────── ──── ───── ── ──── ────── ─── ───── ──── ─────── ── ──── ───── ─── ──── ────── ──── ─── ───── ──── ────── ─── ──── ───── ─── ────── ──── ───── ── ──── ────── ─── ───── ──── ─────── ──
अहमदपूर येथे स्व. मुंडे यांना जयंतीनिमित्त अभिवादन
अहमदपूर : प्रतिनिधी
──── ────── ─── ──── ───── ─── ────── ──── ───── ── ──── ────── ─── ───── ──── ─────── ── ──── ───── ─── ──── ────── ──── ─── ───── ──── ────── ─── ──── ───── ─── ────── ──── ───── ── ──── ────── ─── ───── ──── ─────── ── ──── ───── ─── ──── ────── ──── ─── ───── ──── ────── ─── ──── ───── ─── ────── ──── ───── ── ──── ────── ─── ───── ──── ─────── ── ──── ───── ─── ──── ────── ──── ─── ───── ──── ────── ─── ──── ───── ─── ────── ──── ───── ── ──── ────── ─── ───── ──── ─────── ── ──── ───── ─── ──── ────── ──── ─── ───── ──── ────── ─── ──── ───── ─── ────── ──── ───── ── ──── ────── ─── ───── ──── ─────── ── ──── ───── ─── ──── ────── ──── ─── ───── ──── ────── ─── ──── ───── ─── ────── ──── ───── ── ──── ────── ─── ───── ──── ─────── ── ──── ───── ─── ──── ────── ──── ─── ───── ──── ────── ─── ──── ───── ─── ────── ──── ───── ── ──── ────── ─── ───── ──── ─────── ── ──── ───── ─── ──── ────── ──── ─── ───── ──── ────── ─── ──── ───── ─── ────── ──── ───── ── ──── ────── ─── ───── ──── ─────── ── ──── ───── ─── ──── ────── ──── ─── ───── ──── ────── ─── ──── ───── ─── ────── ──── ───── ── ──── ────── ─── ───── ──── ─────── ── ──── ───── ─── ──── ────── ──── ─── ───── ──── ────── ─── ──── ───── ─── ────── ──── ───── ── ──── ────── ─── ───── ──── ─────── ── ──── ───── ─── ──── ────── ──── ─── ───── ──── ────── ─── ──── ───── ─── ────── ──── ───── ── ──── ────── ─── ───── ──── ─────── ── ──── ───── ─── ──── ────── ──── ─── ───── ──── ────── ─── ──── ───── ─── ────── ──── ───── ── ──── ────── ─── ───── ──── ─────── ── ──── ───── ─── ──── ────── ──── ─── ───── ──── ────── ─── ──── ───── ─── ────── ──── ───── ── ──── ────── ─── ───── ──── ─────── ── ──── ───── ─── ──── ────── ──── ─── ───── ──── ────── ─── ──── ───── ─── ────── ──── ───── ── ──── ────── ─── ───── ──── ─────── ── ──── ───── ─── ──── ────── ──── ─── ───── ──── ────── ─── ──── ───── ─── ────── ──── ───── ── ──── ────── ─── ───── ──── ─────── ── ──── ───── ─── ──── ────── ──── ─── ───── ──── ────── ─── ──── ───── ─── ────── ──── ───── ── ──── ────── ─── ───── ──── ─────── ── ──── ───── ─── ──── ────── ──── ─── ───── ──── ────── ─── ──── ───── ─── ────── ──── ───── ── ──── ────── ─── ───── ──── ─────── ── ──── ───── ─── ──── ────── ──── ─── ───── ──── ────── ─── ──── ───── ─── ────── ──── ───── ── ──── ────── ─── ───── ──── ─────── ── ──── ───── ─── ──── ────── ──── ─── ───── ──── ────── ─── ──── ───── ─── ────── ──── ───── ── ──── ────── ─── ───── ──── ─────── ── ──── ───── ─── ──── ────── ──── ─── ───── ──── ────── ─── ──── ───── ─── ────── ──── ───── ── ──── ────── ─── ───── ──── ─────── ── ──── ───── ─── ──── ────── ──── ─── ───── ──── ────── ─── ──── ───── ─── ────── ──── ───── ── ──── ────── ─── ───── ──── ─────── ── ──── ───── ─── ──── ────── ──── ─── ───── ──── ────── ─── ──── ───── ─── ────── ──── ───── ── ──── ────── ─── ───── ──── ─────── ── ──── ───── ─── ──── ────── ──── ─── ───── ──── ────── ─── ──── ───── ─── ────── ──── ───── ── ──── ────── ─── ───── ──── ─────── ── ──── ───── ─── ──── ────── ──── ─── ───── ──── ────── ─── ──── ───── ─── ────── ──── ───── ── ──── ────── ─── ───── ──── ─────── ── ──── ───── ─── ──── ────── ──── ─── ───── ──── ────── ─── ──── ───── ─── ────── ──── ───── ── ──── ────── ─── ───── ──── ─────── ── ──── ───── ─── ──── ────── ──── ─── ───── ──── ────── ─── ──── ───── ─── ────── ──── ───── ── ──── ────── ─── ───── ──── ─────── ── ──── ───── ─── ──── ────── ──── ─── ───── ──── ────── ─── ──── ───── ─── ────── ──── ───── ── ──── ────── ─── ───── ──── ─────── ── ──── ───── ─── ──── ────── ──── ─── ───── ──── ────── ─── ──── ───── ─── ────── ──── ───── ── ──── ────── ─── ───── ──── ─────── ── ──── ───── ─── ──── ────── ──── ─── ───── ──── ────── ─── ──── ───── ─── ────── ──── ───── ── ──── ────── ─── ───── ──── ─────── ── ──── ───── ─── ──── ────── ──── ─── ───── ──── ────── ─── ──── ───── ─── ────── ──── ───── ── ──── ────── ─── ───── ──── ─────── ── ──── ───── ─── ──── ────── ──── ─── ───── ──── ────── ─── ──── ───── ─── ────── ──── ───── ── ──── ────── ─── ───── ──── ─────── ──
──── ────── ─── ──── ───── ─── ────── ──── ───── ── ──── ────── ─── ───── ──── ─────── ── ──── ───── ─── ──── ────── ──── ─── ───── ──── ────── ─── ──── ───── ─── ────── ──── ───── ── ──── ────── ─── ───── ──── ─────── ── ──── ───── ─── ──── ────── ──── ─── ───── ──── ────── ─── ──── ───── ─── ────── ──── ───── ── ──── ────── ─── ───── ──── ─────── ── ──── ───── ─── ──── ────── ──── ─── ───── ──── ────── ─── ──── ───── ─── ────── ──── ───── ── ──── ────── ─── ───── ──── ─────── ── ──── ───── ─── ──── ────── ──── ─── ───── ──── ────── ─── ──── ───── ─── ────── ──── ───── ── ──── ────── ─── ───── ──── ─────── ── ──── ───── ─── ──── ────── ──── ─── ───── ──── ────── ─── ──── ───── ─── ────── ──── ───── ── ──── ────── ─── ───── ──── ─────── ── ──── ───── ─── ──── ────── ──── ─── ───── ──── ────── ─── ──── ───── ─── ────── ──── ───── ── ──── ────── ─── ───── ──── ─────── ── ──── ───── ─── ──── ────── ──── ─── ───── ──── ────── ─── ──── ───── ─── ────── ──── ───── ── ──── ────── ─── ───── ──── ─────── ── ──── ───── ─── ──── ────── ──── ─── ───── ──── ────── ─── ──── ───── ─── ────── ──── ───── ── ──── ────── ─── ───── ──── ─────── ── ──── ───── ─── ──── ────── ──── ─── ───── ──── ────── ─── ──── ───── ─── ────── ──── ───── ── ──── ────── ─── ───── ──── ─────── ── ──── ───── ─── ──── ────── ──── ─── ───── ──── ────── ─── ──── ───── ─── ────── ──── ───── ── ──── ────── ─── ───── ──── ─────── ── ──── ───── ─── ──── ────── ──── ─── ───── ──── ────── ─── ──── ───── ─── ────── ──── ───── ── ──── ────── ─── ───── ──── ─────── ── ──── ───── ─── ──── ────── ──── ─── ───── ──── ────── ─── ──── ───── ─── ────── ──── ───── ── ──── ────── ─── ───── ──── ─────── ── ──── ───── ─── ──── ────── ──── ─── ───── ──── ────── ─── ──── ───── ─── ────── ──── ───── ── ──── ────── ─── ───── ──── ─────── ── ──── ───── ─── ──── ────── ──── ─── ───── ──── ────── ─── ──── ───── ─── ────── ──── ───── ── ──── ────── ─── ───── ──── ─────── ── ──── ───── ─── ──── ────── ──── ─── ───── ──── ────── ─── ──── ───── ─── ────── ──── ───── ── ──── ────── ─── ───── ──── ─────── ── ──── ───── ─── ──── ────── ──── ─── ───── ──── ────── ─── ──── ───── ─── ────── ──── ───── ── ──── ────── ─── ───── ──── ─────── ── ──── ───── ─── ──── ────── ──── ─── ───── ──── ────── ─── ──── ───── ─── ────── ──── ───── ── ──── ────── ─── ───── ──── ─────── ── ──── ───── ─── ──── ────── ──── ─── ───── ──── ────── ─── ──── ───── ─── ────── ──── ───── ── ──── ────── ─── ───── ──── ─────── ── ──── ───── ─── ──── ────── ──── ─── ───── ──── ────── ─── ──── ───── ─── ────── ──── ───── ── ──── ────── ─── ───── ──── ─────── ── ──── ───── ─── ──── ────── ──── ─── ───── ──── ────── ─── ──── ───── ─── ────── ──── ───── ── ──── ────── ─── ───── ──── ─────── ── ──── ───── ─── ──── ────── ──── ─── ───── ──── ────── ─── ──── ───── ─── ────── ──── ───── ── ──── ────── ─── ───── ──── ─────── ── ──── ───── ─── ──── ────── ──── ─── ───── ──── ────── ─── ──── ───── ─── ────── ──── ───── ── ──── ────── ─── ───── ──── ─────── ── ──── ───── ─── ──── ────── ──── ─── ───── ──── ────── ─── ──── ───── ─── ────── ──── ───── ── ──── ────── ─── ───── ──── ─────── ── ──── ───── ─── ──── ────── ──── ─── ───── ──── ────── ─── ──── ───── ─── ────── ──── ───── ── ──── ────── ─── ───── ──── ─────── ── ──── ───── ─── ──── ────── ──── ─── ───── ──── ────── ─── ──── ───── ─── ────── ──── ───── ── ──── ────── ─── ───── ──── ─────── ── ──── ───── ─── ──── ────── ──── ─── ───── ──── ────── ─── ──── ───── ─── ────── ──── ───── ── ──── ────── ─── ───── ──── ─────── ── ──── ───── ─── ──── ────── ──── ─── ───── ──── ────── ─── ──── ───── ─── ────── ──── ───── ── ──── ────── ─── ───── ──── ─────── ── ──── ───── ─── ──── ────── ──── ─── ───── ──── ────── ─── ──── ───── ─── ────── ──── ───── ── ──── ────── ─── ───── ──── ─────── ── ──── ───── ─── ──── ────── ──── ─── ───── ──── ────── ─── ──── ───── ─── ────── ──── ───── ── ──── ────── ─── ───── ──── ─────── ── ──── ───── ─── ──── ────── ──── ─── ───── ──── ────── ─── ──── ───── ─── ────── ──── ───── ── ──── ────── ─── ───── ──── ─────── ──
तहसीलदार
संतोष देशमुख यांच्या हत्या प्रकरणी संभाजी सेनेची निदर्शने
रेणापूर : प्रतिनिधी
──── ────── ─── ──── ───── ─── ────── ──── ───── ── ──── ────── ─── ───── ──── ─────── ── ──── ───── ─── ──── ────── ──── ─── ───── ──── ────── ─── ──── ───── ─── ────── ──── ───── ── ──── ────── ─── ───── ──── ─────── ── ──── ───── ─── ──── ────── ──── ─── ───── ──── ────── ─── ──── ───── ─── ────── ──── ───── ── ──── ────── ─── ───── ──── ─────── ── ──── ───── ─── ──── ────── ──── ─── ───── ──── ────── ─── ──── ───── ─── ────── ──── ───── ── ──── ────── ─── ───── ──── ─────── ── ──── ───── ─── ──── ────── ──── ─── ───── ──── ────── ─── ──── ───── ─── ────── ──── ───── ── ──── ────── ─── ───── ──── ─────── ── ──── ───── ─── ──── ────── ──── ─── ───── ──── ────── ─── ──── ───── ─── ────── ──── ───── ── ──── ────── ─── ───── ──── ─────── ── ──── ───── ─── ──── ────── ──── ─── ───── ──── ────── ─── ──── ───── ─── ────── ──── ───── ── ──── ────── ─── ───── ──── ─────── ── ──── ───── ─── ──── ────── ──── ─── ───── ──── ────── ─── ──── ───── ─── ────── ──── ───── ── ──── ────── ─── ───── ──── ─────── ── ──── ───── ─── ──── ────── ──── ─── ───── ──── ────── ─── ──── ───── ─── ────── ──── ───── ── ──── ────── ─── ───── ──── ─────── ── ──── ───── ─── ──── ────── ──── ─── ───── ──── ────── ─── ──── ───── ─── ────── ──── ───── ── ──── ────── ─── ───── ──── ─────── ── ──── ───── ─── ──── ────── ──── ─── ───── ──── ────── ─── ──── ───── ─── ────── ──── ───── ── ──── ────── ─── ───── ──── ─────── ── ──── ───── ─── ──── ────── ──── ─── ───── ──── ────── ─── ──── ───── ─── ────── ──── ───── ── ──── ────── ─── ───── ──── ─────── ── ──── ───── ─── ──── ────── ──── ─── ───── ──── ────── ─── ──── ───── ─── ────── ──── ───── ── ──── ────── ─── ───── ──── ─────── ── ──── ───── ─── ──── ────── ──── ─── ───── ──── ────── ─── ──── ───── ─── ────── ──── ───── ── ──── ────── ─── ───── ──── ─────── ── ──── ───── ─── ──── ────── ──── ─── ───── ──── ────── ─── ──── ───── ─── ────── ──── ───── ── ──── ────── ─── ───── ──── ─────── ── ──── ───── ─── ──── ────── ──── ─── ───── ──── ────── ─── ──── ───── ─── ────── ──── ───── ── ──── ────── ─── ───── ──── ─────── ── ──── ───── ─── ──── ────── ──── ─── ───── ──── ────── ─── ──── ───── ─── ────── ──── ───── ── ──── ────── ─── ───── ──── ─────── ── ──── ───── ─── ──── ────── ──── ─── ───── ──── ────── ─── ──── ───── ─── ────── ──── ───── ── ──── ────── ─── ───── ──── ─────── ── ──── ───── ─── ──── ────── ──── ─── ───── ──── ────── ─── ──── ───── ─── ────── ──── ───── ── ──── ────── ─── ───── ──── ─────── ── ──── ───── ─── ──── ────── ──── ─── ───── ──── ────── ─── ──── ───── ─── ────── ──── ───── ── ──── ────── ─── ───── ──── ─────── ── ──── ───── ─── ──── ────── ──── ─── ───── ──── ────── ─── ──── ───── ─── ────── ──── ───── ── ──── ────── ─── ───── ──── ─────── ── ──── ───── ─── ──── ────── ──── ─── ───── ──── ────── ─── ──── ───── ─── ────── ──── ───── ── ──── ────── ─── ───── ──── ─────── ── ──── ───── ─── ──── ────── ──── ─── ───── ──── ────── ─── ──── ───── ─── ────── ──── ───── ── ──── ────── ─── ───── ──── ─────── ── ──── ───── ─── ──── ────── ──── ─── ───── ──── ────── ─── ──── ───── ─── ────── ──── ───── ── ──── ────── ─── ───── ──── ─────── ── ──── ───── ─── ──── ────── ──── ─── ───── ──── ────── ─── ──── ───── ─── ────── ──── ───── ── ──── ────── ─── ───── ──── ─────── ── ──── ───── ─── ──── ────── ──── ─── ───── ──── ────── ─── ──── ───── ─── ────── ──── ───── ── ──── ────── ─── ───── ──── ─────── ── ──── ───── ─── ──── ────── ──── ─── ───── ──── ────── ─── ──── ───── ─── ────── ──── ───── ── ──── ────── ─── ───── ──── ─────── ── ──── ───── ─── ──── ────── ──── ─── ───── ──── ────── ─── ──── ───── ─── ────── ──── ───── ── ──── ────── ─── ───── ──── ─────── ── ──── ───── ─── ──── ────── ──── ─── ───── ──── ────── ─── ──── ───── ─── ────── ──── ───── ── ──── ────── ─── ───── ──── ─────── ── ──── ───── ─── ──── ────── ──── ─── ───── ──── ────── ─── ──── ───── ─── ────── ──── ───── ── ──── ────── ─── ───── ──── ─────── ── ──── ───── ─── ──── ────── ──── ─── ───── ──── ────── ─── ──── ───── ─── ────── ──── ───── ── ──── ────── ─── ───── ──── ─────── ──
──── ────── ─── ──── ───── ─── ────── ──── ───── ── ──── ────── ─── ───── ──── ─────── ── ──── ───── ─── ──── ────── ──── ─── ───── ──── ────── ─── ──── ───── ─── ────── ──── ───── ── ──── ────── ─── ───── ──── ─────── ── ──── ───── ─── ──── ────── ──── ─── ───── ──── ────── ─── ──── ───── ─── ────── ──── ───── ── ──── ────── ─── ───── ──── ─────── ── ──── ───── ─── ──── ────── ──── ─── ───── ──── ────── ─── ──── ───── ─── ────── ──── ───── ── ──── ────── ─── ───── ──── ─────── ── ──── ───── ─── ──── ────── ──── ─── ───── ──── ────── ─── ──── ───── ─── ────── ──── ───── ── ──── ────── ─── ───── ──── ─────── ── ──── ───── ─── ──── ────── ──── ─── ───── ──── ────── ─── ──── ───── ─── ────── ──── ───── ── ──── ────── ─── ───── ──── ─────── ── ──── ───── ─── ──── ────── ──── ─── ───── ──── ────── ─── ──── ───── ─── ────── ──── ───── ── ──── ────── ─── ───── ──── ─────── ── ──── ───── ─── ──── ────── ──── ─── ───── ──── ────── ─── ──── ───── ─── ────── ──── ───── ── ──── ────── ─── ───── ──── ─────── ── ──── ───── ─── ──── ────── ──── ─── ───── ──── ────── ─── ──── ───── ─── ────── ──── ───── ── ──── ────── ─── ───── ──── ─────── ── ──── ───── ─── ──── ────── ──── ─── ───── ──── ────── ─── ──── ───── ─── ────── ──── ───── ── ──── ────── ─── ───── ──── ─────── ── ──── ───── ─── ──── ────── ──── ─── ───── ──── ────── ─── ──── ───── ─── ────── ──── ───── ── ──── ────── ─── ───── ──── ─────── ── ──── ───── ─── ──── ────── ──── ─── ───── ──── ────── ─── ──── ───── ─── ────── ──── ───── ── ──── ────── ─── ───── ──── ─────── ── ──── ───── ─── ──── ────── ──── ─── ───── ──── ────── ─── ──── ───── ─── ────── ──── ───── ── ──── ────── ─── ───── ──── ─────── ── ──── ───── ─── ──── ────── ──── ─── ───── ──── ────── ─── ──── ───── ─── ────── ──── ───── ── ──── ────── ─── ───── ──── ─────── ── ──── ───── ─── ──── ────── ──── ─── ───── ──── ────── ─── ──── ───── ─── ────── ──── ───── ── ──── ────── ─── ───── ──── ─────── ── ──── ───── ─── ──── ────── ──── ─── ───── ──── ────── ─── ──── ───── ─── ────── ──── ───── ── ──── ────── ─── ───── ──── ─────── ── ──── ───── ─── ──── ────── ──── ─── ───── ──── ────── ─── ──── ───── ─── ────── ──── ───── ── ──── ────── ─── ───── ──── ─────── ── ──── ───── ─── ──── ────── ──── ─── ───── ──── ────── ─── ──── ───── ─── ────── ──── ───── ── ──── ────── ─── ───── ──── ─────── ── ──── ───── ─── ──── ────── ──── ─── ───── ──── ────── ─── ──── ───── ─── ────── ──── ───── ── ──── ────── ─── ───── ──── ─────── ── ──── ───── ─── ──── ────── ──── ─── ───── ──── ────── ─── ──── ───── ─── ────── ──── ───── ── ──── ────── ─── ───── ──── ─────── ── ──── ───── ─── ──── ────── ──── ─── ───── ──── ────── ─── ──── ───── ─── ────── ──── ───── ── ──── ────── ─── ───── ──── ─────── ── ──── ───── ─── ──── ────── ──── ─── ───── ──── ────── ─── ──── ───── ─── ────── ──── ───── ── ──── ────── ─── ───── ──── ─────── ── ──── ───── ─── ──── ────── ──── ─── ───── ──── ────── ─── ──── ───── ─── ────── ──── ───── ── ──── ────── ─── ───── ──── ─────── ── ──── ───── ─── ──── ────── ──── ─── ───── ──── ────── ─── ──── ───── ─── ────── ──── ───── ── ──── ────── ─── ───── ──── ─────── ── ──── ───── ─── ──── ────── ──── ─── ───── ──── ────── ─── ──── ───── ─── ────── ──── ───── ── ──── ────── ─── ───── ──── ─────── ── ──── ───── ─── ──── ────── ──── ─── ───── ──── ────── ─── ──── ───── ─── ────── ──── ───── ── ──── ────── ─── ───── ──── ─────── ── ──── ───── ─── ──── ────── ──── ─── ───── ──── ────── ─── ──── ───── ─── ────── ──── ───── ── ──── ────── ─── ───── ──── ─────── ── ──── ───── ─── ──── ────── ──── ─── ───── ──── ────── ─── ──── ───── ─── ────── ──── ───── ── ──── ────── ─── ───── ──── ─────── ── ──── ───── ─── ──── ────── ──── ─── ───── ──── ────── ─── ──── ───── ─── ────── ──── ───── ── ──── ────── ─── ───── ──── ─────── ── ──── ───── ─── ──── ────── ──── ─── ───── ──── ────── ─── ──── ───── ─── ────── ──── ───── ── ──── ────── ─── ───── ──── ─────── ── ──── ───── ─── ──── ────── ──── ─── ───── ──── ────── ─── ──── ───── ─── ────── ──── ───── ── ──── ────── ─── ───── ──── ─────── ──
──── ────── ─── ──── ───── ─── ────── ──── ───── ── ──── ────── ─── ───── ──── ─────── ── ──── ───── ─── ──── ────── ──── ─── ───── ──── ────── ─── ──── ───── ─── ────── ──── ───── ── ──── ────── ─── ───── ──── ─────── ── ──── ───── ─── ──── ────── ──── ─── ───── ──── ────── ─── ──── ───── ─── ────── ──── ───── ── ──── ────── ─── ───── ──── ─────── ── ──── ───── ─── ──── ────── ──── ─── ───── ──── ────── ─── ──── ───── ─── ────── ──── ───── ── ──── ────── ─── ───── ──── ─────── ── ──── ───── ─── ──── ────── ──── ─── ───── ──── ────── ─── ──── ───── ─── ────── ──── ───── ── ──── ────── ─── ───── ──── ─────── ── ──── ───── ─── ──── ────── ──── ─── ───── ──── ────── ─── ──── ───── ─── ────── ──── ───── ── ──── ────── ─── ───── ──── ─────── ── ──── ───── ─── ──── ────── ──── ─── ───── ──── ────── ─── ──── ───── ─── ────── ──── ───── ── ──── ────── ─── ───── ──── ─────── ── ──── ───── ─── ──── ────── ──── ─── ───── ──── ────── ─── ──── ───── ─── ────── ──── ───── ── ──── ────── ─── ───── ──── ─────── ── ──── ───── ─── ──── ────── ──── ─── ───── ──── ────── ─── ──── ───── ─── ────── ──── ───── ── ──── ────── ─── ───── ──── ─────── ── ──── ───── ─── ──── ────── ──── ─── ───── ──── ────── ─── ──── ───── ─── ────── ──── ───── ── ──── ────── ─── ───── ──── ─────── ── ──── ───── ─── ──── ────── ──── ─── ───── ──── ────── ─── ──── ───── ─── ────── ──── ───── ── ──── ────── ─── ───── ──── ─────── ── ──── ───── ─── ──── ────── ──── ─── ───── ──── ────── ─── ──── ───── ─── ────── ──── ───── ── ──── ────── ─── ───── ──── ─────── ── ──── ───── ─── ──── ────── ──── ─── ───── ──── ────── ─── ──── ───── ─── ────── ──── ───── ── ──── ────── ─── ───── ──── ─────── ── ──── ───── ─── ──── ────── ──── ─── ───── ──── ────── ─── ──── ───── ─── ────── ──── ───── ── ──── ────── ─── ───── ──── ─────── ── ──── ───── ─── ──── ────── ──── ─── ───── ──── ────── ─── ──── ───── ─── ────── ──── ───── ── ──── ────── ─── ───── ──── ─────── ── ──── ───── ─── ──── ────── ──── ─── ───── ──── ────── ─── ──── ───── ─── ────── ──── ───── ── ──── ────── ─── ───── ──── ─────── ── ──── ───── ─── ──── ────── ──── ─── ───── ──── ────── ─── ──── ───── ─── ────── ──── ───── ── ──── ────── ─── ───── ──── ─────── ── ──── ───── ─── ──── ────── ──── ─── ───── ──── ────── ─── ──── ───── ─── ────── ──── ───── ── ──── ────── ─── ───── ──── ─────── ── ──── ───── ─── ──── ────── ──── ─── ───── ──── ────── ─── ──── ───── ─── ────── ──── ───── ── ──── ────── ─── ───── ──── ─────── ── ──── ───── ─── ──── ────── ──── ─── ───── ──── ────── ─── ──── ───── ─── ────── ──── ───── ── ──── ────── ─── ───── ──── ─────── ── ──── ───── ─── ──── ────── ──── ─── ───── ──── ────── ─── ──── ───── ─── ────── ──── ───── ── ──── ────── ─── ───── ──── ─────── ── ──── ───── ─── ──── ────── ──── ─── ───── ──── ────── ─── ──── ───── ─── ────── ──── ───── ── ──── ────── ─── ───── ──── ─────── ── ──── ───── ─── ──── ────── ──── ─── ───── ──── ────── ─── ──── ───── ─── ────── ──── ───── ── ──── ────── ─── ───── ──── ─────── ── ──── ───── ─── ──── ────── ──── ─── ───── ──── ────── ─── ──── ───── ─── ────── ──── ───── ── ──── ────── ─── ───── ──── ─────── ── ──── ───── ─── ──── ────── ──── ─── ───── ──── ────── ─── ──── ───── ─── ────── ──── ───── ── ──── ────── ─── ───── ──── ─────── ── ──── ───── ─── ──── ────── ──── ─── ───── ──── ────── ─── ──── ───── ─── ────── ──── ───── ── ──── ────── ─── ───── ──── ─────── ── ──── ───── ─── ──── ────── ──── ─── ───── ──── ────── ─── ──── ───── ─── ────── ──── ───── ── ──── ────── ─── ───── ──── ─────── ── ──── ───── ─── ──── ────── ──── ─── ───── ──── ────── ─── ──── ───── ─── ────── ──── ───── ── ──── ────── ─── ───── ──── ─────── ── ──── ───── ─── ──── ────── ──── ─── ───── ──── ────── ─── ──── ───── ─── ────── ──── ───── ── ──── ────── ─── ───── ──── ─────── ── ──── ───── ─── ──── ────── ──── ─── ───── ──── ────── ─── ──── ───── ─── ────── ──── ───── ── ──── ────── ─── ───── ──── ─────── ── ──── ───── ─── ──── ────── ──── ─── ───── ──── ────── ─── ──── ───── ─── ────── ──── ───── ── ──── ────── ─── ───── ──── ─────── ──
औशात उद्या पद्मश्री पंडित सतीश व्यास यांचे संतूर वादन
सद्‌गुरू ज्ञानेश्वर महाराज औसेकर यांच्या २५ व्या पुण्यतिथीनिमित्त कलावेध दरबार
औसा : प्रतिनिधी
──── ────── ─── ──── ───── ─── ────── ──── ───── ── ──── ────── ─── ───── ──── ─────── ── ──── ───── ─── ──── ────── ──── ─── ───── ──── ────── ─── ──── ───── ─── ────── ──── ───── ── ──── ────── ─── ───── ──── ─────── ── ──── ───── ─── ──── ────── ──── ─── ───── ──── ────── ─── ──── ───── ─── ────── ──── ───── ── ──── ────── ─── ───── ──── ─────── ── ──── ───── ─── ──── ────── ──── ─── ───── ──── ────── ─── ──── ───── ─── ────── ──── ───── ── ──── ────── ─── ───── ──── ─────── ── ──── ───── ─── ──── ────── ──── ─── ───── ──── ────── ─── ──── ───── ─── ────── ──── ───── ── ──── ────── ─── ───── ──── ─────── ── ──── ───── ─── ──── ────── ──── ─── ───── ──── ────── ─── ──── ───── ─── ────── ──── ───── ── ──── ────── ─── ───── ──── ─────── ── ──── ───── ─── ──── ────── ──── ─── ───── ──── ────── ─── ──── ───── ─── ────── ──── ───── ── ──── ────── ─── ───── ──── ─────── ── ──── ───── ─── ──── ────── ──── ─── ───── ──── ────── ─── ──── ───── ─── ────── ──── ───── ── ──── ────── ─── ───── ──── ─────── ── ──── ───── ─── ──── ────── ──── ─── ───── ──── ────── ─── ──── ───── ─── ────── ──── ───── ── ──── ────── ─── ───── ──── ─────── ── ──── ───── ─── ──── ────── ──── ─── ───── ──── ────── ─── ──── ───── ─── ────── ──── ───── ── ──── ────── ─── ───── ──── ─────── ── ──── ───── ─── ──── ────── ──── ─── ───── ──── ────── ─── ──── ───── ─── ────── ──── ───── ── ──── ────── ─── ───── ──── ─────── ── ──── ───── ─── ──── ────── ──── ─── ───── ──── ────── ─── ──── ───── ─── ────── ──── ───── ── ──── ────── ─── ───── ──── ─────── ── ──── ───── ─── ──── ────── ──── ─── ───── ──── ────── ─── ──── ───── ─── ────── ──── ───── ── ──── ────── ─── ───── ──── ─────── ── ──── ───── ─── ──── ────── ──── ─── ───── ──── ────── ─── ──── ───── ─── ────── ──── ───── ── ──── ────── ─── ───── ──── ─────── ── ──── ───── ─── ──── ────── ──── ─── ───── ──── ────── ─── ──── ───── ─── ────── ──── ───── ── ──── ────── ─── ───── ──── ─────── ── ──── ───── ─── ──── ────── ──── ─── ───── ──── ────── ─── ──── ───── ─── ────── ──── ───── ── ──── ────── ─── ───── ──── ─────── ── ──── ───── ─── ──── ────── ──── ─── ───── ──── ────── ─── ──── ───── ─── ────── ──── ───── ── ──── ────── ─── ───── ──── ─────── ── ──── ───── ─── ──── ────── ──── ─── ───── ──── ────── ─── ──── ───── ─── ────── ──── ───── ── ──── ────── ─── ───── ──── ─────── ── ──── ───── ─── ──── ────── ──── ─── ───── ──── ────── ─── ──── ───── ─── ────── ──── ───── ── ──── ────── ─── ───── ──── ─────── ── ──── ───── ─── ──── ────── ──── ─── ───── ──── ────── ─── ──── ───── ─── ────── ──── ───── ── ──── ────── ─── ───── ──── ─────── ── ──── ───── ─── ──── ────── ──── ─── ───── ──── ────── ─── ──── ───── ─── ────── ──── ───── ── ──── ────── ─── ───── ──── ─────── ── ──── ───── ─── ──── ────── ──── ─── ───── ──── ────── ─── ──── ───── ─── ────── ──── ───── ── ──── ────── ─── ───── ──── ─────── ── ──── ───── ─── ──── ────── ──── ─── ───── ──── ────── ─── ──── ───── ─── ────── ──── ───── ── ──── ────── ─── ───── ──── ─────── ── ──── ───── ─── ──── ────── ──── ─── ───── ──── ────── ─── ──── ───── ─── ────── ──── ───── ── ──── ────── ─── ───── ──── ─────── ── ──── ───── ─── ──── ────── ──── ─── ───── ──── ────── ─── ──── ───── ─── ────── ──── ───── ── ──── ────── ─── ───── ──── ─────── ── ──── ───── ─── ──── ────── ──── ─── ───── ──── ────── ─── ──── ───── ─── ────── ──── ───── ── ──── ────── ─── ───── ──── ─────── ── ──── ───── ─── ──── ────── ──── ─── ───── ──── ────── ─── ──── ───── ─── ────── ──── ───── ── ──── ────── ─── ───── ──── ─────── ── ──── ───── ─── ──── ────── ──── ─── ───── ──── ────── ─── ──── ───── ─── ────── ──── ───── ── ──── ────── ─── ───── ──── ─────── ── ──── ───── ─── ──── ────── ──── ─── ───── ──── ────── ─── ──── ───── ─── ────── ──── ───── ── ──── ────── ─── ───── ──── ─────── ── ──── ───── ─── ──── ────── ──── ─── ───── ──── ────── ─── ──── ───── ─── ────── ──── ───── ── ──── ────── ─── ───── ──── ─────── ── ──── ───── ─── ──── ────── ──── ─── ───── ──── ────── ─── ──── ───── ─── ────── ──── ───── ── ──── ────── ─── ───── ──── ─────── ──
──── ────── ─── ──── ───── ─── ────── ──── ───── ── ──── ────── ─── ───── ──── ─────── ── ──── ───── ─── ──── ────── ──── ─── ───── ──── ────── ─── ──── ───── ─── ────── ──── ───── ── ──── ────── ─── ───── ──── ─────── ── ──── ───── ─── ──── ────── ──── ─── ───── ──── ────── ─── ──── ───── ─── ────── ──── ───── ── ──── ────── ─── ───── ──── ─────── ── ──── ───── ─── ──── ────── ──── ─── ───── ──── ────── ─── ──── ───── ─── ────── ──── ───── ── ──── ────── ─── ───── ──── ─────── ── ──── ───── ─── ──── ────── ──── ─── ───── ──── ────── ─── ──── ───── ─── ────── ──── ───── ── ──── ────── ─── ───── ──── ─────── ── ──── ───── ─── ──── ────── ──── ─── ───── ──── ────── ─── ──── ───── ─── ────── ──── ───── ── ──── ────── ─── ───── ──── ─────── ── ──── ───── ─── ──── ────── ──── ─── ───── ──── ────── ─── ──── ───── ─── ────── ──── ───── ── ──── ────── ─── ───── ──── ─────── ── ──── ───── ─── ──── ────── ──── ─── ───── ──── ────── ─── ──── ───── ─── ────── ──── ───── ── ──── ────── ─── ───── ──── ─────── ── ──── ───── ─── ──── ────── ──── ─── ───── ──── ────── ─── ──── ───── ─── ────── ──── ───── ── ──── ────── ─── ───── ──── ─────── ── ──── ───── ─── ──── ────── ──── ─── ───── ──── ────── ─── ──── ───── ─── ────── ──── ───── ── ──── ────── ─── ───── ──── ─────── ── ──── ───── ─── ──── ────── ──── ─── ───── ──── ────── ─── ──── ───── ─── ────── ──── ───── ── ──── ────── ─── ───── ──── ─────── ── ──── ───── ─── ──── ────── ──── ─── ───── ──── ────── ─── ──── ───── ─── ────── ──── ───── ── ──── ────── ─── ───── ──── ─────── ── ──── ───── ─── ──── ────── ──── ─── ───── ──── ────── ─── ──── ───── ─── ────── ──── ───── ── ──── ────── ─── ───── ──── ─────── ── ──── ───── ─── ──── ────── ──── ─── ───── ──── ────── ─── ──── ───── ─── ────── ──── ───── ── ──── ────── ─── ───── ──── ─────── ── ──── ───── ─── ──── ────── ──── ─── ───── ──── ────── ─── ──── ───── ─── ────── ──── ───── ── ──── ────── ─── ───── ──── ─────── ── ──── ───── ─── ──── ────── ──── ─── ───── ──── ────── ─── ──── ───── ─── ────── ──── ───── ── ──── ────── ─── ───── ──── ─────── ── ──── ───── ─── ──── ────── ──── ─── ───── ──── ────── ─── ──── ───── ─── ────── ──── ───── ── ──── ────── ─── ───── ──── ─────── ── ──── ───── ─── ──── ────── ──── ─── ───── ──── ────── ─── ──── ───── ─── ────── ──── ───── ── ──── ────── ─── ───── ──── ─────── ── ──── ───── ─── ──── ────── ──── ─── ───── ──── ────── ─── ──── ───── ─── ────── ──── ───── ── ──── ────── ─── ───── ──── ─────── ── ──── ───── ─── ──── ────── ──── ─── ───── ──── ────── ─── ──── ───── ─── ────── ──── ───── ── ──── ────── ─── ───── ──── ─────── ── ──── ───── ─── ──── ────── ──── ─── ───── ──── ────── ─── ──── ───── ─── ────── ──── ───── ── ──── ────── ─── ───── ──── ─────── ── ──── ───── ─── ──── ────── ──── ─── ───── ──── ────── ─── ──── ───── ─── ────── ──── ───── ── ──── ────── ─── ───── ──── ─────── ── ──── ───── ─── ──── ────── ──── ─── ───── ──── ────── ─── ──── ───── ─── ────── ──── ───── ── ──── ────── ─── ───── ──── ─────── ── ──── ───── ─── ──── ────── ──── ─── ───── ──── ────── ─── ──── ───── ─── ────── ──── ───── ── ──── ────── ─── ───── ──── ─────── ── ──── ───── ─── ──── ────── ──── ─── ───── ──── ────── ─── ──── ───── ─── ────── ──── ───── ── ──── ────── ─── ───── ──── ─────── ── ──── ───── ─── ──── ────── ──── ─── ───── ──── ────── ─── ──── ───── ─── ────── ──── ───── ── ──── ────── ─── ───── ──── ─────── ── ──── ───── ─── ──── ────── ──── ─── ───── ──── ────── ─── ──── ───── ─── ────── ──── ───── ── ──── ────── ─── ───── ──── ─────── ── ──── ───── ─── ──── ────── ──── ─── ───── ──── ────── ─── ──── ───── ─── ────── ──── ───── ── ──── ────── ─── ───── ──── ─────── ── ──── ───── ─── ──── ────── ──── ─── ───── ──── ────── ─── ──── ───── ─── ────── ──── ───── ── ──── ────── ─── ───── ──── ─────── ── ──── ───── ─── ──── ────── ──── ─── ───── ──── ────── ─── ──── ───── ─── ────── ──── ───── ── ──── ────── ─── ───── ──── ─────── ── ──── ───── ─── ──── ────── ──── ─── ───── ──── ────── ─── ──── ───── ─── ────── ──── ───── ── ──── ────── ─── ───── ──── ─────── ──
──── ────── ─── ──── ───── ─── ────── ──── ───── ── ──── ────── ─── ───── ──── ─────── ── ──── ───── ─── ──── ────── ──── ─── ───── ──── ────── ─── ──── ───── ─── ────── ──── ───── ── ──── ────── ─── ───── ──── ─────── ── ──── ───── ─── ──── ────── ──── ─── ───── ──── ────── ─── ──── ───── ─── ────── ──── ───── ── ──── ────── ─── ───── ──── ─────── ── ──── ───── ─── ──── ────── ──── ─── ───── ──── ────── ─── ──── ───── ─── ────── ──── ───── ── ──── ────── ─── ───── ──── ─────── ── ──── ───── ─── ──── ────── ──── ─── ───── ──── ────── ─── ──── ───── ─── ────── ──── ───── ── ──── ────── ─── ───── ──── ─────── ── ──── ───── ─── ──── ────── ──── ─── ───── ──── ────── ─── ──── ───── ─── ────── ──── ───── ── ──── ────── ─── ───── ──── ─────── ── ──── ───── ─── ──── ────── ──── ─── ───── ──── ────── ─── ──── ───── ─── ────── ──── ───── ── ──── ────── ─── ───── ──── ─────── ── ──── ───── ─── ──── ────── ──── ─── ───── ──── ────── ─── ──── ───── ─── ────── ──── ───── ── ──── ────── ─── ───── ──── ─────── ── ──── ───── ─── ──── ────── ──── ─── ───── ──── ────── ─── ──── ───── ─── ────── ──── ───── ── ──── ────── ─── ───── ──── ─────── ── ──── ───── ─── ──── ────── ──── ─── ───── ──── ────── ─── ──── ───── ─── ────── ──── ───── ── ──── ────── ─── ───── ──── ─────── ── ──── ───── ─── ──── ────── ──── ─── ───── ──── ────── ─── ──── ───── ─── ────── ──── ───── ── ──── ────── ─── ───── ──── ─────── ── ──── ───── ─── ──── ────── ──── ─── ───── ──── ────── ─── ──── ───── ─── ────── ──── ───── ── ──── ────── ─── ───── ──── ─────── ── ──── ───── ─── ──── ────── ──── ─── ───── ──── ────── ─── ──── ───── ─── ────── ──── ───── ── ──── ────── ─── ───── ──── ─────── ── ──── ───── ─── ──── ────── ──── ─── ───── ──── ────── ─── ──── ───── ─── ────── ──── ───── ── ──── ────── ─── ───── ──── ─────── ── ──── ───── ─── ──── ────── ──── ─── ───── ──── ────── ─── ──── ───── ─── ────── ──── ───── ── ──── ────── ─── ───── ──── ─────── ── ──── ───── ─── ──── ────── ──── ─── ───── ──── ────── ─── ──── ───── ─── ────── ──── ───── ── ──── ────── ─── ───── ──── ─────── ── ──── ───── ─── ──── ────── ──── ─── ───── ──── ────── ─── ──── ───── ─── ────── ──── ───── ── ──── ────── ─── ───── ──── ─────── ── ──── ───── ─── ──── ────── ──── ─── ───── ──── ────── ─── ──── ───── ─── ────── ──── ───── ── ──── ────── ─── ───── ──── ─────── ── ──── ───── ─── ──── ────── ──── ─── ───── ──── ────── ─── ──── ───── ─── ────── ──── ───── ── ──── ────── ─── ───── ──── ─────── ── ──── ───── ─── ──── ────── ──── ─── ───── ──── ────── ─── ──── ───── ─── ────── ──── ───── ── ──── ────── ─── ───── ──── ─────── ── ──── ───── ─── ──── ────── ──── ─── ───── ──── ────── ─── ──── ───── ─── ────── ──── ───── ── ──── ────── ─── ───── ──── ─────── ── ──── ───── ─── ──── ────── ──── ─── ───── ──── ────── ─── ──── ───── ─── ────── ──── ───── ── ──── ────── ─── ───── ──── ─────── ── ──── ───── ─── ──── ────── ──── ─── ───── ──── ────── ─── ──── ───── ─── ────── ──── ───── ── ──── ────── ─── ───── ──── ─────── ── ──── ───── ─── ──── ────── ──── ─── ───── ──── ────── ─── ──── ───── ─── ────── ──── ───── ── ──── ────── ─── ───── ──── ─────── ── ──── ───── ─── ──── ────── ──── ─── ───── ──── ────── ─── ──── ───── ─── ────── ──── ───── ── ──── ────── ─── ───── ──── ─────── ── ──── ───── ─── ──── ────── ──── ─── ───── ──── ────── ─── ──── ───── ─── ────── ──── ───── ── ──── ────── ─── ───── ──── ─────── ── ──── ───── ─── ──── ────── ──── ─── ───── ──── ────── ─── ──── ───── ─── ────── ──── ───── ── ──── ────── ─── ───── ──── ─────── ── ──── ───── ─── ──── ────── ──── ─── ───── ──── ────── ─── ──── ───── ─── ────── ──── ───── ── ──── ────── ─── ───── ──── ─────── ── ──── ───── ─── ──── ────── ──── ─── ───── ──── ────── ─── ──── ───── ─── ────── ──── ───── ── ──── ────── ─── ───── ──── ─────── ── ──── ───── ─── ──── ────── ──── ─── ───── ──── ────── ─── ──── ───── ─── ────── ──── ───── ── ──── ────── ─── ───── ──── ─────── ── ──── ───── ─── ──── ────── ──── ─── ───── ──── ────── ─── ──── ───── ─── ────── ──── ───── ── ──── ────── ─── ───── ──── ─────── ──
स्पर्धकांना पारितोषिकांचे वितरण करण्यात येणार । दि. २६ डिसेंबरपर्यंत नोंदणी करावी
श्रीराम विद्यालयात वादविवाद-सुगम गायन स्पर्धा
रेणापूर : प्रतिनिधी
──── ────── ─── ──── ───── ─── ────── ──── ───── ── ──── ────── ─── ───── ──── ─────── ── ──── ───── ─── ──── ────── ──── ─── ───── ──── ────── ─── ──── ───── ─── ────── ──── ───── ── ──── ────── ─── ───── ──── ─────── ── ──── ───── ─── ──── ────── ──── ─── ───── ──── ────── ─── ──── ───── ─── ────── ──── ───── ── ──── ────── ─── ───── ──── ─────── ── ──── ───── ─── ──── ────── ──── ─── ───── ──── ────── ─── ──── ───── ─── ────── ──── ───── ── ──── ────── ─── ───── ──── ─────── ── ──── ───── ─── ──── ────── ──── ─── ───── ──── ────── ─── ──── ───── ─── ────── ──── ───── ── ──── ────── ─── ───── ──── ─────── ── ──── ───── ─── ──── ────── ──── ─── ───── ──── ────── ─── ──── ───── ─── ────── ──── ───── ── ──── ────── ─── ───── ──── ─────── ── ──── ───── ─── ──── ────── ──── ─── ───── ──── ────── ─── ──── ───── ─── ────── ──── ───── ── ──── ────── ─── ───── ──── ─────── ── ──── ───── ─── ──── ────── ──── ─── ───── ──── ────── ─── ──── ───── ─── ────── ──── ───── ── ──── ────── ─── ───── ──── ─────── ── ──── ───── ─── ──── ────── ──── ─── ───── ──── ────── ─── ──── ───── ─── ────── ──── ───── ── ──── ────── ─── ───── ──── ─────── ── ──── ───── ─── ──── ────── ──── ─── ───── ──── ────── ─── ──── ───── ─── ────── ──── ───── ── ──── ────── ─── ───── ──── ─────── ── ──── ───── ─── ──── ────── ──── ─── ───── ──── ────── ─── ──── ───── ─── ────── ──── ───── ── ──── ────── ─── ───── ──── ─────── ── ──── ───── ─── ──── ────── ──── ─── ───── ──── ────── ─── ──── ───── ─── ────── ──── ───── ── ──── ────── ─── ───── ──── ─────── ── ──── ───── ─── ──── ────── ──── ─── ───── ──── ────── ─── ──── ───── ─── ────── ──── ───── ── ──── ────── ─── ───── ──── ─────── ── ──── ───── ─── ──── ────── ──── ─── ───── ──── ────── ─── ──── ───── ─── ────── ──── ───── ── ──── ────── ─── ───── ──── ─────── ── ──── ───── ─── ──── ────── ──── ─── ───── ──── ────── ─── ──── ───── ─── ────── ──── ───── ── ──── ────── ─── ───── ──── ─────── ── ──── ───── ─── ──── ────── ──── ─── ───── ──── ────── ─── ──── ───── ─── ────── ──── ───── ── ──── ────── ─── ───── ──── ─────── ── ──── ───── ─── ──── ────── ──── ─── ───── ──── ────── ─── ──── ───── ─── ────── ──── ───── ── ──── ────── ─── ───── ──── ─────── ── ──── ───── ─── ──── ────── ──── ─── ───── ──── ────── ─── ──── ───── ─── ────── ──── ───── ── ──── ────── ─── ───── ──── ─────── ── ──── ───── ─── ──── ────── ──── ─── ───── ──── ────── ─── ──── ───── ─── ────── ──── ───── ── ──── ────── ─── ───── ──── ─────── ── ──── ───── ─── ──── ────── ──── ─── ───── ──── ────── ─── ──── ───── ─── ────── ──── ───── ── ──── ────── ─── ───── ──── ─────── ── ──── ───── ─── ──── ────── ──── ─── ───── ──── ────── ─── ──── ───── ─── ────── ──── ───── ── ──── ────── ─── ───── ──── ─────── ── ──── ───── ─── ──── ────── ──── ─── ───── ──── ────── ─── ──── ───── ─── ────── ──── ───── ── ──── ────── ─── ───── ──── ─────── ── ──── ───── ─── ──── ────── ──── ─── ───── ──── ────── ─── ──── ───── ─── ────── ──── ───── ── ──── ────── ─── ───── ──── ─────── ── ──── ───── ─── ──── ────── ──── ─── ───── ──── ────── ─── ──── ───── ─── ────── ──── ───── ── ──── ────── ─── ───── ──── ─────── ── ──── ───── ─── ──── ────── ──── ─── ───── ──── ────── ─── ──── ───── ─── ────── ──── ───── ── ──── ────── ─── ───── ──── ─────── ── ──── ───── ─── ──── ────── ──── ─── ───── ──── ────── ─── ──── ───── ─── ────── ──── ───── ── ──── ────── ─── ───── ──── ─────── ── ──── ───── ─── ──── ────── ──── ─── ───── ──── ────── ─── ──── ───── ─── ────── ──── ───── ── ──── ────── ─── ───── ──── ─────── ── ──── ───── ─── ──── ────── ──── ─── ───── ──── ────── ─── ──── ───── ─── ────── ──── ───── ── ──── ────── ─── ───── ──── ─────── ── ──── ───── ─── ──── ────── ──── ─── ───── ──── ────── ─── ──── ───── ─── ────── ──── ───── ── ──── ────── ─── ───── ──── ─────── ── ──── ───── ─── ──── ────── ──── ─── ───── ──── ────── ─── ──── ───── ─── ────── ──── ───── ── ──── ────── ─── ───── ──── ─────── ── ──── ───── ─── ──── ────── ──── ─── ───── ──── ────── ─── ──── ───── ─── ────── ──── ───── ── ──── ────── ─── ───── ──── ─────── ──
──── ────── ─── ──── ───── ─── ────── ──── ───── ── ──── ────── ─── ───── ──── ─────── ── ──── ───── ─── ──── ────── ──── ─── ───── ──── ────── ─── ──── ───── ─── ────── ──── ───── ── ──── ────── ─── ───── ──── ─────── ── ──── ───── ─── ──── ────── ──── ─── ───── ──── ────── ─── ──── ───── ─── ────── ──── ───── ── ──── ────── ─── ───── ──── ─────── ── ──── ───── ─── ──── ────── ──── ─── ───── ──── ────── ─── ──── ───── ─── ────── ──── ───── ── ──── ────── ─── ───── ──── ─────── ── ──── ───── ─── ──── ────── ──── ─── ───── ──── ────── ─── ──── ───── ─── ────── ──── ───── ── ──── ────── ─── ───── ──── ─────── ── ──── ───── ─── ──── ────── ──── ─── ───── ──── ────── ─── ──── ───── ─── ────── ──── ───── ── ──── ────── ─── ───── ──── ─────── ── ──── ───── ─── ──── ────── ──── ─── ───── ──── ────── ─── ──── ───── ─── ────── ──── ───── ── ──── ────── ─── ───── ──── ─────── ── ──── ───── ─── ──── ────── ──── ─── ───── ──── ────── ─── ──── ───── ─── ────── ──── ───── ── ──── ────── ─── ───── ──── ─────── ── ──── ───── ─── ──── ────── ──── ─── ───── ──── ────── ─── ──── ───── ─── ────── ──── ───── ── ──── ────── ─── ───── ──── ─────── ── ──── ───── ─── ──── ────── ──── ─── ───── ──── ────── ─── ──── ───── ─── ────── ──── ───── ── ──── ────── ─── ───── ──── ─────── ── ──── ───── ─── ──── ────── ──── ─── ───── ──── ────── ─── ──── ───── ─── ────── ──── ───── ── ──── ────── ─── ───── ──── ─────── ── ──── ───── ─── ──── ────── ──── ─── ───── ──── ────── ─── ──── ───── ─── ────── ──── ───── ── ──── ────── ─── ───── ──── ─────── ── ──── ───── ─── ──── ────── ──── ─── ───── ──── ────── ─── ──── ───── ─── ────── ──── ───── ── ──── ────── ─── ───── ──── ─────── ── ──── ───── ─── ──── ────── ──── ─── ───── ──── ────── ─── ──── ───── ─── ────── ──── ───── ── ──── ────── ─── ───── ──── ─────── ── ──── ───── ─── ──── ────── ──── ─── ───── ──── ────── ─── ──── ───── ─── ────── ──── ───── ── ──── ────── ─── ───── ──── ─────── ── ──── ───── ─── ──── ────── ──── ─── ───── ──── ────── ─── ──── ───── ─── ────── ──── ───── ── ──── ────── ─── ───── ──── ─────── ── ──── ───── ─── ──── ────── ──── ─── ───── ──── ────── ─── ──── ───── ─── ────── ──── ───── ── ──── ────── ─── ───── ──── ─────── ── ──── ───── ─── ──── ────── ──── ─── ───── ──── ────── ─── ──── ───── ─── ────── ──── ───── ── ──── ────── ─── ───── ──── ─────── ── ──── ───── ─── ──── ────── ──── ─── ───── ──── ────── ─── ──── ───── ─── ────── ──── ───── ── ──── ────── ─── ───── ──── ─────── ── ──── ───── ─── ──── ────── ──── ─── ───── ──── ────── ─── ──── ───── ─── ────── ──── ───── ── ──── ────── ─── ───── ──── ─────── ── ──── ───── ─── ──── ────── ──── ─── ───── ──── ────── ─── ──── ───── ─── ────── ──── ───── ── ──── ────── ─── ───── ──── ─────── ── ──── ───── ─── ──── ────── ──── ─── ───── ──── ────── ─── ──── ───── ─── ────── ──── ───── ── ──── ────── ─── ───── ──── ─────── ── ──── ───── ─── ──── ────── ──── ─── ───── ──── ────── ─── ──── ───── ─── ────── ──── ───── ── ──── ────── ─── ───── ──── ─────── ── ──── ───── ─── ──── ────── ──── ─── ───── ──── ────── ─── ──── ───── ─── ────── ──── ───── ── ──── ────── ─── ───── ──── ─────── ── ──── ───── ─── ──── ────── ──── ─── ───── ──── ────── ─── ──── ───── ─── ────── ──── ───── ── ──── ────── ─── ───── ──── ─────── ── ──── ───── ─── ──── ────── ──── ─── ───── ──── ────── ─── ──── ───── ─── ────── ──── ───── ── ──── ────── ─── ───── ──── ─────── ── ──── ───── ─── ──── ────── ──── ─── ───── ──── ────── ─── ──── ───── ─── ────── ──── ───── ── ──── ────── ─── ───── ──── ─────── ── ──── ───── ─── ──── ────── ──── ─── ───── ──── ────── ─── ──── ───── ─── ────── ──── ───── ── ──── ────── ─── ───── ──── ─────── ── ──── ───── ─── ──── ────── ──── ─── ───── ──── ────── ─── ──── ───── ─── ────── ──── ───── ── ──── ────── ─── ───── ──── ─────── ── ──── ───── ─── ──── ────── ──── ─── ───── ──── ────── ─── ──── ───── ─── ────── ──── ───── ── ──── ────── ─── ───── ──── ─────── ── ──── ───── ─── ──── ────── ──── ─── ───── ──── ────── ─── ──── ───── ─── ────── ──── ───── ── ──── ────── ─── ───── ──── ─────── ──
──── ────── ─── ──── ───── ─── ────── ──── ───── ── ──── ────── ─── ───── ──── ─────── ── ──── ───── ─── ──── ────── ──── ─── ───── ──── ────── ─── ──── ───── ─── ────── ──── ───── ── ──── ────── ─── ───── ──── ─────── ── ──── ───── ─── ──── ────── ──── ─── ───── ──── ────── ─── ──── ───── ─── ────── ──── ───── ── ──── ────── ─── ───── ──── ─────── ── ──── ───── ─── ──── ────── ──── ─── ───── ──── ────── ─── ──── ───── ─── ────── ──── ───── ── ──── ────── ─── ───── ──── ─────── ── ──── ───── ─── ──── ────── ──── ─── ───── ──── ────── ─── ──── ───── ─── ────── ──── ───── ── ──── ────── ─── ───── ──── ─────── ── ──── ───── ─── ──── ────── ──── ─── ───── ──── ────── ─── ──── ───── ─── ────── ──── ───── ── ──── ────── ─── ───── ──── ─────── ── ──── ───── ─── ──── ────── ──── ─── ───── ──── ────── ─── ──── ───── ─── ────── ──── ───── ── ──── ────── ─── ───── ──── ─────── ── ──── ───── ─── ──── ────── ──── ─── ───── ──── ────── ─── ──── ───── ─── ────── ──── ───── ── ──── ────── ─── ───── ──── ─────── ── ──── ───── ─── ──── ────── ──── ─── ───── ──── ────── ─── ──── ───── ─── ────── ──── ───── ── ──── ────── ─── ───── ──── ─────── ── ──── ───── ─── ──── ────── ──── ─── ───── ──── ────── ─── ──── ───── ─── ────── ──── ───── ── ──── ────── ─── ───── ──── ─────── ── ──── ───── ─── ──── ────── ──── ─── ───── ──── ────── ─── ──── ───── ─── ────── ──── ───── ── ──── ────── ─── ───── ──── ─────── ── ──── ───── ─── ──── ────── ──── ─── ───── ──── ────── ─── ──── ───── ─── ────── ──── ───── ── ──── ────── ─── ───── ──── ─────── ── ──── ───── ─── ──── ────── ──── ─── ───── ──── ────── ─── ──── ───── ─── ────── ──── ───── ── ──── ────── ─── ───── ──── ─────── ── ──── ───── ─── ──── ────── ──── ─── ───── ──── ────── ─── ──── ───── ─── ────── ──── ───── ── ──── ────── ─── ───── ──── ─────── ── ──── ───── ─── ──── ────── ──── ─── ───── ──── ────── ─── ──── ───── ─── ────── ──── ───── ── ──── ────── ─── ───── ──── ─────── ── ──── ───── ─── ──── ────── ──── ─── ───── ──── ────── ─── ──── ───── ─── ────── ──── ───── ── ──── ────── ─── ───── ──── ─────── ── ──── ───── ─── ──── ────── ──── ─── ───── ──── ────── ─── ──── ───── ─── ────── ──── ───── ── ──── ────── ─── ───── ──── ─────── ── ──── ───── ─── ──── ────── ──── ─── ───── ──── ────── ─── ──── ───── ─── ────── ──── ───── ── ──── ────── ─── ───── ──── ─────── ── ──── ───── ─── ──── ────── ──── ─── ───── ──── ────── ─── ──── ───── ─── ────── ──── ───── ── ──── ────── ─── ───── ──── ─────── ── ──── ───── ─── ──── ────── ──── ─── ───── ──── ────── ─── ──── ───── ─── ────── ──── ───── ── ──── ────── ─── ───── ──── ─────── ── ──── ───── ─── ──── ────── ──── ─── ───── ──── ────── ─── ──── ───── ─── ────── ──── ───── ── ──── ────── ─── ───── ──── ─────── ── ──── ───── ─── ──── ────── ──── ─── ───── ──── ────── ─── ──── ───── ─── ────── ──── ───── ── ──── ────── ─── ───── ──── ─────── ── ──── ───── ─── ──── ────── ──── ─── ───── ──── ────── ─── ──── ───── ─── ────── ──── ───── ── ──── ────── ─── ───── ──── ─────── ── ──── ───── ─── ──── ────── ──── ─── ───── ──── ────── ─── ──── ───── ─── ────── ──── ───── ── ──── ────── ─── ───── ──── ─────── ── ──── ───── ─── ──── ────── ──── ─── ───── ──── ────── ─── ──── ───── ─── ────── ──── ───── ── ──── ────── ─── ───── ──── ─────── ── ──── ───── ─── ──── ────── ──── ─── ───── ──── ────── ─── ──── ───── ─── ────── ──── ───── ── ──── ────── ─── ───── ──── ─────── ── ──── ───── ─── ──── ────── ──── ─── ───── ──── ────── ─── ──── ───── ─── ────── ──── ───── ── ──── ────── ─── ───── ──── ─────── ── ──── ───── ─── ──── ────── ──── ─── ───── ──── ────── ─── ──── ───── ─── ────── ──── ───── ── ──── ────── ─── ───── ──── ─────── ── ──── ───── ─── ──── ────── ──── ─── ───── ──── ────── ─── ──── ───── ─── ────── ──── ───── ── ──── ────── ─── ───── ──── ─────── ── ──── ───── ─── ──── ────── ──── ─── ───── ──── ────── ─── ──── ───── ─── ────── ──── ───── ── ──── ────── ─── ───── ──── ─────── ── ──── ───── ─── ──── ────── ──── ─── ───── ──── ────── ─── ──── ───── ─── ────── ──── ───── ── ──── ────── ─── ───── ──── ─────── ──
विद्यार्थ्यांच्या कला गुणाला वाव मिळावा
──── ────── ─── ──── ───── ─── ────── ──── ───── ── ──── ────── ─── ───── ──── ─────── ── ──── ───── ─── ──── ────── ──── ─── ───── ──── ────── ─── ──── ───── ─── ────── ──── ───── ── ──── ────── ─── ───── ──── ─────── ── ──── ───── ─── ──── ────── ──── ─── ───── ──── ────── ─── ──── ───── ─── ────── ──── ───── ── ──── ────── ─── ───── ──── ─────── ── ──── ───── ─── ──── ────── ──── ─── ───── ──── ────── ─── ──── ───── ─── ────── ──── ───── ── ──── ────── ─── ───── ──── ─────── ── ──── ───── ─── ──── ────── ──── ─── ───── ──── ────── ─── ──── ───── ─── ────── ──── ───── ── ──── ────── ─── ───── ──── ─────── ── ──── ───── ─── ──── ────── ──── ─── ───── ──── ────── ─── ──── ───── ─── ────── ──── ───── ── ──── ────── ─── ───── ──── ─────── ── ──── ───── ─── ──── ────── ──── ─── ───── ──── ────── ─── ──── ───── ─── ────── ──── ───── ── ──── ────── ─── ───── ──── ─────── ── ──── ───── ─── ──── ────── ──── ─── ───── ──── ────── ─── ──── ───── ─── ────── ──── ───── ── ──── ────── ─── ───── ──── ─────── ── ──── ───── ─── ──── ────── ──── ─── ───── ──── ────── ─── ──── ───── ─── ────── ──── ───── ── ──── ────── ─── ───── ──── ─────── ── ──── ───── ─── ──── ────── ──── ─── ───── ──── ────── ─── ──── ───── ─── ────── ──── ───── ── ──── ────── ─── ───── ──── ─────── ── ──── ───── ─── ──── ────── ──── ─── ───── ──── ────── ─── ──── ───── ─── ────── ──── ───── ── ──── ────── ─── ───── ──── ─────── ── ──── ───── ─── ──── ────── ──── ─── ───── ──── ────── ─── ──── ───── ─── ────── ──── ───── ── ──── ────── ─── ───── ──── ─────── ── ──── ───── ─── ──── ────── ──── ─── ───── ──── ────── ─── ──── ───── ─── ────── ──── ───── ── ──── ────── ─── ───── ──── ─────── ── ──── ───── ─── ──── ────── ──── ─── ───── ──── ────── ─── ──── ───── ─── ────── ──── ───── ── ──── ────── ─── ───── ──── ─────── ── ──── ───── ─── ──── ────── ──── ─── ───── ──── ────── ─── ──── ───── ─── ────── ──── ───── ── ──── ────── ─── ───── ──── ─────── ── ──── ───── ─── ──── ────── ──── ─── ───── ──── ────── ─── ──── ───── ─── ────── ──── ───── ── ──── ────── ─── ───── ──── ─────── ── ──── ───── ─── ──── ────── ──── ─── ───── ──── ────── ─── ──── ───── ─── ────── ──── ───── ── ──── ────── ─── ───── ──── ─────── ── ──── ───── ─── ──── ────── ──── ─── ───── ──── ────── ─── ──── ───── ─── ────── ──── ───── ── ──── ────── ─── ───── ──── ─────── ── ──── ───── ─── ──── ────── ──── ─── ───── ──── ────── ─── ──── ───── ─── ────── ──── ───── ── ──── ────── ─── ───── ──── ─────── ── ──── ───── ─── ──── ────── ──── ─── ───── ──── ────── ─── ──── ───── ─── ────── ──── ───── ── ──── ────── ─── ───── ──── ─────── ── ──── ───── ─── ──── ────── ──── ─── ───── ──── ────── ─── ──── ───── ─── ────── ──── ───── ── ──── ────── ─── ───── ──── ─────── ── ──── ───── ─── ──── ────── ──── ─── ───── ──── ────── ─── ──── ───── ─── ────── ──── ───── ── ──── ────── ─── ───── ──── ─────── ── ──── ───── ─── ──── ────── ──── ─── ───── ──── ────── ─── ──── ───── ─── ────── ──── ───── ── ──── ────── ─── ───── ──── ─────── ── ──── ───── ─── ──── ────── ──── ─── ───── ──── ────── ─── ──── ───── ─── ────── ──── ───── ── ──── ────── ─── ───── ──── ─────── ── ──── ───── ─── ──── ────── ──── ─── ───── ──── ────── ─── ──── ───── ─── ────── ──── ───── ── ──── ────── ─── ───── ──── ─────── ── ──── ───── ─── ──── ────── ──── ─── ───── ──── ────── ─── ──── ───── ─── ────── ──── ───── ── ──── ────── ─── ───── ──── ─────── ── ──── ───── ─── ──── ────── ──── ─── ───── ──── ────── ─── ──── ───── ─── ────── ──── ───── ── ──── ────── ─── ───── ──── ─────── ── ──── ───── ─── ──── ────── ──── ─── ───── ──── ────── ─── ──── ───── ─── ────── ──── ───── ── ──── ────── ─── ───── ──── ─────── ── ──── ───── ─── ──── ────── ──── ─── ───── ──── ────── ─── ──── ───── ─── ────── ──── ───── ── ──── ────── ─── ───── ──── ─────── ── ──── ───── ─── ──── ────── ──── ─── ───── ──── ────── ─── ──── ───── ─── ────── ──── ───── ── ──── ────── ─── ───── ──── ─────── ── ──── ───── ─── ──── ────── ──── ─── ───── ──── ────── ─── ──── ───── ─── ────── ──── ───── ── ──── ────── ─── ───── ──── ─────── ──
रेणापूर : तालुक्यातील कामखेडा येथे सध्या सिमेंट रस्त्याचे काम सुरू आहे.
──── ────── ─── ──── ───── ─── ────── ──── ───── ── ──── ────── ─── ───── ──── ─────── ── ──── ───── ─── ──── ────── ──── ─── ───── ──── ────── ─── ──── ───── ─── ────── ──── ───── ── ──── ────── ─── ───── ──── ─────── ── ──── ───── ─── ──── ────── ──── ─── ───── ──── ────── ─── ──── ───── ─── ────── ──── ───── ── ──── ────── ─── ───── ──── ─────── ── ──── ───── ─── ──── ────── ──── ─── ───── ──── ────── ─── ──── ───── ─── ────── ──── ───── ── ──── ────── ─── ───── ──── ─────── ── ──── ───── ─── ──── ────── ──── ─── ───── ──── ────── ─── ──── ───── ─── ────── ──── ───── ── ──── ────── ─── ───── ──── ─────── ── ──── ───── ─── ──── ────── ──── ─── ───── ──── ────── ─── ──── ───── ─── ────── ──── ───── ── ──── ────── ─── ───── ──── ─────── ── ──── ───── ─── ──── ────── ──── ─── ───── ──── ────── ─── ──── ───── ─── ────── ──── ───── ── ──── ────── ─── ───── ──── ─────── ── ──── ───── ─── ──── ────── ──── ─── ───── ──── ────── ─── ──── ───── ─── ────── ──── ───── ── ──── ────── ─── ───── ──── ─────── ── ──── ───── ─── ──── ────── ──── ─── ───── ──── ────── ─── ──── ───── ─── ────── ──── ───── ── ──── ────── ─── ───── ──── ─────── ── ──── ───── ─── ──── ────── ──── ─── ───── ──── ────── ─── ──── ───── ─── ────── ──── ───── ── ──── ────── ─── ───── ──── ─────── ── ──── ───── ─── ──── ────── ──── ─── ───── ──── ────── ─── ──── ───── ─── ────── ──── ───── ── ──── ────── ─── ───── ──── ─────── ── ──── ───── ─── ──── ────── ──── ─── ───── ──── ────── ─── ──── ───── ─── ────── ──── ───── ── ──── ────── ─── ───── ──── ─────── ── ──── ───── ─── ──── ────── ──── ─── ───── ──── ────── ─── ──── ───── ─── ────── ──── ───── ── ──── ────── ─── ───── ──── ─────── ── ──── ───── ─── ──── ────── ──── ─── ───── ──── ────── ─── ──── ───── ─── ────── ──── ───── ── ──── ────── ─── ───── ──── ─────── ── ──── ───── ─── ──── ────── ──── ─── ───── ──── ────── ─── ──── ───── ─── ────── ──── ───── ── ──── ────── ─── ───── ──── ─────── ── ──── ───── ─── ──── ────── ──── ─── ───── ──── ────── ─── ──── ───── ─── ────── ──── ───── ── ──── ────── ─── ───── ──── ─────── ── ──── ───── ─── ──── ────── ──── ─── ───── ──── ────── ─── ──── ───── ─── ────── ──── ───── ── ──── ────── ─── ───── ──── ─────── ── ──── ───── ─── ──── ────── ──── ─── ───── ──── ────── ─── ──── ───── ─── ────── ──── ───── ── ──── ────── ─── ───── ──── ─────── ── ──── ───── ─── ──── ────── ──── ─── ───── ──── ────── ─── ──── ───── ─── ────── ──── ───── ── ──── ────── ─── ───── ──── ─────── ── ──── ───── ─── ──── ────── ──── ─── ───── ──── ────── ─── ──── ───── ─── ────── ──── ───── ── ──── ────── ─── ───── ──── ─────── ── ──── ───── ─── ──── ────── ──── ─── ───── ──── ────── ─── ──── ───── ─── ────── ──── ───── ── ──── ────── ─── ───── ──── ─────── ── ──── ───── ─── ──── ────── ──── ─── ───── ──── ────── ─── ──── ───── ─── ────── ──── ───── ── ──── ────── ─── ───── ──── ─────── ── ──── ───── ─── ──── ────── ──── ─── ───── ──── ────── ─── ──── ───── ─── ────── ──── ───── ── ──── ────── ─── ───── ──── ─────── ── ──── ───── ─── ──── ────── ──── ─── ───── ──── ────── ─── ──── ───── ─── ────── ──── ───── ── ──── ────── ─── ───── ──── ─────── ── ──── ───── ─── ──── ────── ──── ─── ───── ──── ────── ─── ──── ───── ─── ────── ──── ───── ── ──── ────── ─── ───── ──── ─────── ── ──── ───── ─── ──── ────── ──── ─── ───── ──── ────── ─── ──── ───── ─── ────── ──── ───── ── ──── ────── ─── ───── ──── ─────── ── ──── ───── ─── ──── ────── ──── ─── ───── ──── ────── ─── ──── ───── ─── ────── ──── ───── ── ──── ────── ─── ───── ──── ─────── ── ──── ───── ─── ──── ────── ──── ─── ───── ──── ────── ─── ──── ───── ─── ────── ──── ───── ── ──── ────── ─── ───── ──── ─────── ── ──── ───── ─── ──── ────── ──── ─── ───── ──── ────── ─── ──── ───── ─── ────── ──── ───── ── ──── ────── ─── ───── ──── ─────── ── ──── ───── ─── ──── ────── ──── ─── ───── ──── ────── ─── ──── ───── ─── ────── ──── ───── ── ──── ────── ─── ───── ──── ─────── ── ──── ───── ─── ──── ────── ──── ─── ───── ──── ────── ─── ──── ───── ─── ────── ──── ───── ── ──── ────── ─── ───── ──── ─────── ──
♥ बाजारभाव	दि. १२ डिसेंबर २०२४
अ. क्र.	शेतीमालाचे प्रकार	आवक क्विंटल	जास्त भाव	कमी भाव	सर्व साधारण
१	गूळ	१२२	४४५०	३३००	३९८०
२	गहू	४२	३३५०	२७००	२८५०
३	ज्वारी रब्बी	३२४	३७००	२५००	३६००
४	ज्वारी हिवाळी	३२	२७००	२४००	२६००
५	तूर	१३	४४००	३५००	४१००
६	हरभरा	४५६	६३११	५२२५	६०००
७	तूर	१९२	७३११	६७०१	६९००
८	मूग	१२	६८९०	६०००	६५००
९	उडीद	७०१	७३७०	५५००	५८००
१०	तीळ	६	१२०००	११०००	११५००
११	करडई	३०	४२००	३९००	४०००
१२	सोयाबीन	११४३८	४४५०	३६००	४१९९
